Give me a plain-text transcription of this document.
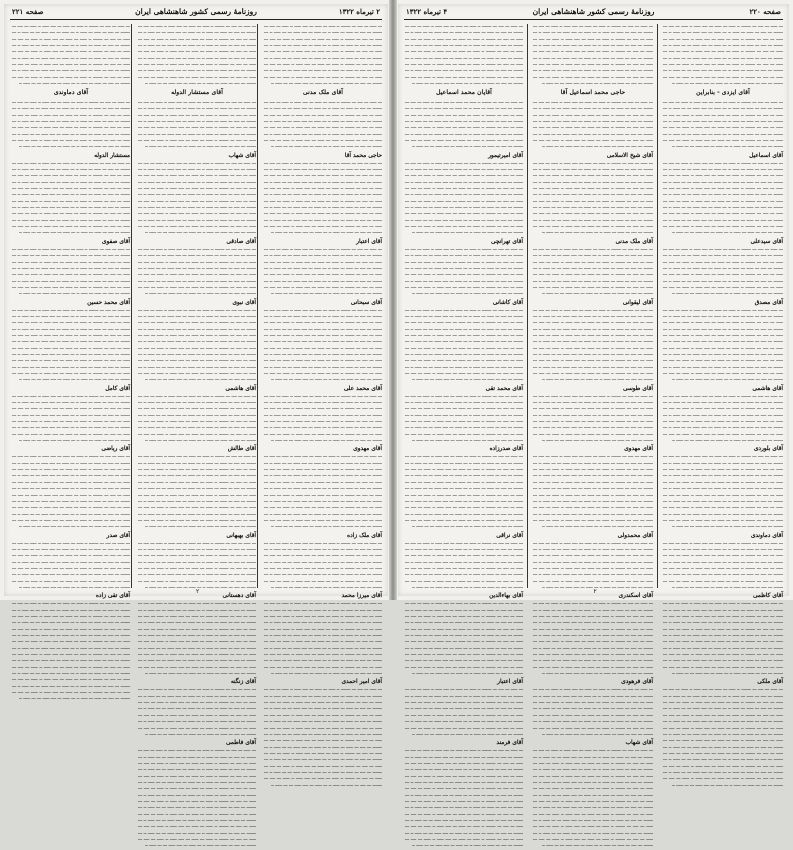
۲ تیرماه ۱۳۲۲
روزنامهٔ رسمی کشور شاهنشاهی ایران
صفحه ۲۲۱
ـــ ـــــ ـــ ــــ ـــ ـــــــ ــ ـــــ ـــ ـــــ ـــ ــــ ـــــ ــ ـــــ ـــ ــــ ـــ ـــــــ ـــ ــــ ـــ ـــــ ـــ ـــــ ــ ـــ ـــــ ـــ ــــ ـــــ ـــ ـــ ـــــ ــ ـــ ـــــ ـــ ــــ ـــ ـــــــ ــ ـــــ ـــ ـــــ ـــ ــــ ـــــ ــ ـــــ ـــ ــــ ـــ ـــــــ ـــ ــــ ـــ ـــــ ـــ ـــــ ــ ـــ ـــــ ـــ ــــ ـــــ ـــ ـــ ـــــ ــ ـــ ـــــ ـــ ــــ ـــ ـــــــ ــ ـــــ ـــ ـــــ ـــ ــــ ـــــ ــ ـــــ ـــ ــــ ـــ ـــــــ ـــ ــــ ـــ ـــــ ـــ ـــــ ــ ـــ ـــــ ـــ ــــ ـــــ ـــ ـــ ـــــ ــ ـــ ـــــ ـــ ــــ ـــ ـــــــ ــ ـــــ ـــ ـــــ ـــ ــــ ـــــ ــ ـــــ ـــ ــــ ـــ ـــــــ ـــ ــــ ـــ ـــــ ـــ ـــــ ــ ـــ ـــــ ـــ ــــ ـــــ ـــ ـــ ـــــ ــ ـــ ـــــ ـــ ــــ ـــ ـــــــ ــ ـــــ ـــ ـــــ ـــ ــــ ـــــ ــ ـــــ ـــ ــــ ـــ ـــــــ ـــ ــــ ـــ ـــــ ـــ ـــــ ــ ـــ ـــــ ـــ ــــ ـــــ ـــ ـــ ـــــ ــ
آقای ملک مدنی
ـــ ـــــ ـــ ــــ ـــ ـــــــ ــ ـــــ ـــ ـــــ ـــ ــــ ـــــ ــ ـــــ ـــ ــــ ـــ ـــــــ ـــ ــــ ـــ ـــــ ـــ ـــــ ــ ـــ ـــــ ـــ ــــ ـــــ ـــ ـــ ـــــ ــ ـــ ـــــ ـــ ــــ ـــ ـــــــ ــ ـــــ ـــ ـــــ ـــ ــــ ـــــ ــ ـــــ ـــ ــــ ـــ ـــــــ ـــ ــــ ـــ ـــــ ـــ ـــــ ــ ـــ ـــــ ـــ ــــ ـــــ ـــ ـــ ـــــ ــ ـــ ـــــ ـــ ــــ ـــ ـــــــ ــ ـــــ ـــ ـــــ ـــ ــــ ـــــ ــ ـــــ ـــ ــــ ـــ ـــــــ ـــ ــــ ـــ ـــــ ـــ ـــــ ــ ـــ ـــــ ـــ ــــ ـــــ ـــ ـــ ـــــ ــ ـــ ـــــ ـــ ــــ ـــ ـــــــ ــ ـــــ ـــ ـــــ ـــ ــــ ـــــ ــ ـــــ ـــ ــــ ـــ ـــــــ ـــ ــــ ـــ ـــــ ـــ ـــــ ــ ـــ ـــــ ـــ ــــ ـــــ ـــ ـــ ـــــ ــ
حاجی محمد آقا
ـــ ـــــ ـــ ــــ ـــ ـــــــ ــ ـــــ ـــ ـــــ ـــ ــــ ـــــ ــ ـــــ ـــ ــــ ـــ ـــــــ ـــ ــــ ـــ ـــــ ـــ ـــــ ــ ـــ ـــــ ـــ ــــ ـــــ ـــ ـــ ـــــ ــ ـــ ـــــ ـــ ــــ ـــ ـــــــ ــ ـــــ ـــ ـــــ ـــ ــــ ـــــ ــ ـــــ ـــ ــــ ـــ ـــــــ ـــ ــــ ـــ ـــــ ـــ ـــــ ــ ـــ ـــــ ـــ ــــ ـــــ ـــ ـــ ـــــ ــ ـــ ـــــ ـــ ــــ ـــ ـــــــ ــ ـــــ ـــ ـــــ ـــ ــــ ـــــ ــ ـــــ ـــ ــــ ـــ ـــــــ ـــ ــــ ـــ ـــــ ـــ ـــــ ــ ـــ ـــــ ـــ ــــ ـــــ ـــ ـــ ـــــ ــ ـــ ـــــ ـــ ــــ ـــ ـــــــ ــ ـــــ ـــ ـــــ ـــ ــــ ـــــ ــ ـــــ ـــ ــــ ـــ ـــــــ ـــ ــــ ـــ ـــــ ـــ ـــــ ــ ـــ ـــــ ـــ ــــ ـــــ ـــ ـــ ـــــ ــ ـــ ـــــ ـــ ــــ ـــ ـــــــ ــ ـــــ ـــ ـــــ ـــ ــــ ـــــ ــ ـــــ ـــ ــــ ـــ ـــــــ ـــ ــــ ـــ ـــــ ـــ ـــــ ــ ـــ ـــــ ـــ ــــ ـــــ ـــ ـــ ـــــ ــ ـــ ـــــ ـــ ــــ ـــ ـــــــ ــ ـــــ ـــ ـــــ ـــ ــــ ـــــ ــ ـــــ ـــ ــــ ـــ ـــــــ ـــ ــــ ـــ ـــــ ـــ ـــــ ــ ـــ ـــــ ـــ ــــ ـــــ ـــ ـــ ـــــ ــ
آقای اعتبار
ـــ ـــــ ـــ ــــ ـــ ـــــــ ــ ـــــ ـــ ـــــ ـــ ــــ ـــــ ــ ـــــ ـــ ــــ ـــ ـــــــ ـــ ــــ ـــ ـــــ ـــ ـــــ ــ ـــ ـــــ ـــ ــــ ـــــ ـــ ـــ ـــــ ــ ـــ ـــــ ـــ ــــ ـــ ـــــــ ــ ـــــ ـــ ـــــ ـــ ــــ ـــــ ــ ـــــ ـــ ــــ ـــ ـــــــ ـــ ــــ ـــ ـــــ ـــ ـــــ ــ ـــ ـــــ ـــ ــــ ـــــ ـــ ـــ ـــــ ــ ـــ ـــــ ـــ ــــ ـــ ـــــــ ــ ـــــ ـــ ـــــ ـــ ــــ ـــــ ــ ـــــ ـــ ــــ ـــ ـــــــ ـــ ــــ ـــ ـــــ ـــ ـــــ ــ ـــ ـــــ ـــ ــــ ـــــ ـــ ـــ ـــــ ــ ـــ ـــــ ـــ ــــ ـــ ـــــــ ــ ـــــ ـــ ـــــ ـــ ــــ ـــــ ــ ـــــ ـــ ــــ ـــ ـــــــ ـــ ــــ ـــ ـــــ ـــ ـــــ ــ ـــ ـــــ ـــ ــــ ـــــ ـــ ـــ ـــــ ــ
آقای سبحانی
ـــ ـــــ ـــ ــــ ـــ ـــــــ ــ ـــــ ـــ ـــــ ـــ ــــ ـــــ ــ ـــــ ـــ ــــ ـــ ـــــــ ـــ ــــ ـــ ـــــ ـــ ـــــ ــ ـــ ـــــ ـــ ــــ ـــــ ـــ ـــ ـــــ ــ ـــ ـــــ ـــ ــــ ـــ ـــــــ ــ ـــــ ـــ ـــــ ـــ ــــ ـــــ ــ ـــــ ـــ ــــ ـــ ـــــــ ـــ ــــ ـــ ـــــ ـــ ـــــ ــ ـــ ـــــ ـــ ــــ ـــــ ـــ ـــ ـــــ ــ ـــ ـــــ ـــ ــــ ـــ ـــــــ ــ ـــــ ـــ ـــــ ـــ ــــ ـــــ ــ ـــــ ـــ ــــ ـــ ـــــــ ـــ ــــ ـــ ـــــ ـــ ـــــ ــ ـــ ـــــ ـــ ــــ ـــــ ـــ ـــ ـــــ ــ ـــ ـــــ ـــ ــــ ـــ ـــــــ ــ ـــــ ـــ ـــــ ـــ ــــ ـــــ ــ ـــــ ـــ ــــ ـــ ـــــــ ـــ ــــ ـــ ـــــ ـــ ـــــ ــ ـــ ـــــ ـــ ــــ ـــــ ـــ ـــ ـــــ ــ ـــ ـــــ ـــ ــــ ـــ ـــــــ ــ ـــــ ـــ ـــــ ـــ ــــ ـــــ ــ ـــــ ـــ ــــ ـــ ـــــــ ـــ ــــ ـــ ـــــ ـــ ـــــ ــ ـــ ـــــ ـــ ــــ ـــــ ـــ ـــ ـــــ ــ ـــ ـــــ ـــ ــــ ـــ ـــــــ ــ ـــــ ـــ ـــــ ـــ ــــ ـــــ ــ ـــــ ـــ ــــ ـــ ـــــــ ـــ ــــ ـــ ـــــ ـــ ـــــ ــ ـــ ـــــ ـــ ــــ ـــــ ـــ ـــ ـــــ ــ
آقای محمد علی
ـــ ـــــ ـــ ــــ ـــ ـــــــ ــ ـــــ ـــ ـــــ ـــ ــــ ـــــ ــ ـــــ ـــ ــــ ـــ ـــــــ ـــ ــــ ـــ ـــــ ـــ ـــــ ــ ـــ ـــــ ـــ ــــ ـــــ ـــ ـــ ـــــ ــ ـــ ـــــ ـــ ــــ ـــ ـــــــ ــ ـــــ ـــ ـــــ ـــ ــــ ـــــ ــ ـــــ ـــ ــــ ـــ ـــــــ ـــ ــــ ـــ ـــــ ـــ ـــــ ــ ـــ ـــــ ـــ ــــ ـــــ ـــ ـــ ـــــ ــ ـــ ـــــ ـــ ــــ ـــ ـــــــ ــ ـــــ ـــ ـــــ ـــ ــــ ـــــ ــ ـــــ ـــ ــــ ـــ ـــــــ ـــ ــــ ـــ ـــــ ـــ ـــــ ــ ـــ ـــــ ـــ ــــ ـــــ ـــ ـــ ـــــ ــ ـــ ـــــ ـــ ــــ ـــ ـــــــ ــ ـــــ ـــ ـــــ ـــ ــــ ـــــ ــ ـــــ ـــ ــــ ـــ ـــــــ ـــ ــــ ـــ ـــــ ـــ ـــــ ــ ـــ ـــــ ـــ ــــ ـــــ ـــ ـــ ـــــ ــ
آقای مهدوی
ـــ ـــــ ـــ ــــ ـــ ـــــــ ــ ـــــ ـــ ـــــ ـــ ــــ ـــــ ــ ـــــ ـــ ــــ ـــ ـــــــ ـــ ــــ ـــ ـــــ ـــ ـــــ ــ ـــ ـــــ ـــ ــــ ـــــ ـــ ـــ ـــــ ــ ـــ ـــــ ـــ ــــ ـــ ـــــــ ــ ـــــ ـــ ـــــ ـــ ــــ ـــــ ــ ـــــ ـــ ــــ ـــ ـــــــ ـــ ــــ ـــ ـــــ ـــ ـــــ ــ ـــ ـــــ ـــ ــــ ـــــ ـــ ـــ ـــــ ــ ـــ ـــــ ـــ ــــ ـــ ـــــــ ــ ـــــ ـــ ـــــ ـــ ــــ ـــــ ــ ـــــ ـــ ــــ ـــ ـــــــ ـــ ــــ ـــ ـــــ ـــ ـــــ ــ ـــ ـــــ ـــ ــــ ـــــ ـــ ـــ ـــــ ــ ـــ ـــــ ـــ ــــ ـــ ـــــــ ــ ـــــ ـــ ـــــ ـــ ــــ ـــــ ــ ـــــ ـــ ــــ ـــ ـــــــ ـــ ــــ ـــ ـــــ ـــ ـــــ ــ ـــ ـــــ ـــ ــــ ـــــ ـــ ـــ ـــــ ــ ـــ ـــــ ـــ ــــ ـــ ـــــــ ــ ـــــ ـــ ـــــ ـــ ــــ ـــــ ــ ـــــ ـــ ــــ ـــ ـــــــ ـــ ــــ ـــ ـــــ ـــ ـــــ ــ ـــ ـــــ ـــ ــــ ـــــ ـــ ـــ ـــــ ــ ـــ ـــــ ـــ ــــ ـــ ـــــــ ــ ـــــ ـــ ـــــ ـــ ــــ ـــــ ــ ـــــ ـــ ــــ ـــ ـــــــ ـــ ــــ ـــ ـــــ ـــ ـــــ ــ ـــ ـــــ ـــ ــــ ـــــ ـــ ـــ ـــــ ــ
آقای ملک زاده
ـــ ـــــ ـــ ــــ ـــ ـــــــ ــ ـــــ ـــ ـــــ ـــ ــــ ـــــ ــ ـــــ ـــ ــــ ـــ ـــــــ ـــ ــــ ـــ ـــــ ـــ ـــــ ــ ـــ ـــــ ـــ ــــ ـــــ ـــ ـــ ـــــ ــ ـــ ـــــ ـــ ــــ ـــ ـــــــ ــ ـــــ ـــ ـــــ ـــ ــــ ـــــ ــ ـــــ ـــ ــــ ـــ ـــــــ ـــ ــــ ـــ ـــــ ـــ ـــــ ــ ـــ ـــــ ـــ ــــ ـــــ ـــ ـــ ـــــ ــ ـــ ـــــ ـــ ــــ ـــ ـــــــ ــ ـــــ ـــ ـــــ ـــ ــــ ـــــ ــ ـــــ ـــ ــــ ـــ ـــــــ ـــ ــــ ـــ ـــــ ـــ ـــــ ــ ـــ ـــــ ـــ ــــ ـــــ ـــ ـــ ـــــ ــ ـــ ـــــ ـــ ــــ ـــ ـــــــ ــ ـــــ ـــ ـــــ ـــ ــــ ـــــ ــ ـــــ ـــ ــــ ـــ ـــــــ ـــ ــــ ـــ ـــــ ـــ ـــــ ــ ـــ ـــــ ـــ ــــ ـــــ ـــ ـــ ـــــ ــ
آقای میرزا محمد
ـــ ـــــ ـــ ــــ ـــ ـــــــ ــ ـــــ ـــ ـــــ ـــ ــــ ـــــ ــ ـــــ ـــ ــــ ـــ ـــــــ ـــ ــــ ـــ ـــــ ـــ ـــــ ــ ـــ ـــــ ـــ ــــ ـــــ ـــ ـــ ـــــ ــ ـــ ـــــ ـــ ــــ ـــ ـــــــ ــ ـــــ ـــ ـــــ ـــ ــــ ـــــ ــ ـــــ ـــ ــــ ـــ ـــــــ ـــ ــــ ـــ ـــــ ـــ ـــــ ــ ـــ ـــــ ـــ ــــ ـــــ ـــ ـــ ـــــ ــ ـــ ـــــ ـــ ــــ ـــ ـــــــ ــ ـــــ ـــ ـــــ ـــ ــــ ـــــ ــ ـــــ ـــ ــــ ـــ ـــــــ ـــ ــــ ـــ ـــــ ـــ ـــــ ــ ـــ ـــــ ـــ ــــ ـــــ ـــ ـــ ـــــ ــ ـــ ـــــ ـــ ــــ ـــ ـــــــ ــ ـــــ ـــ ـــــ ـــ ــــ ـــــ ــ ـــــ ـــ ــــ ـــ ـــــــ ـــ ــــ ـــ ـــــ ـــ ـــــ ــ ـــ ـــــ ـــ ــــ ـــــ ـــ ـــ ـــــ ــ ـــ ـــــ ـــ ــــ ـــ ـــــــ ــ ـــــ ـــ ـــــ ـــ ــــ ـــــ ــ ـــــ ـــ ــــ ـــ ـــــــ ـــ ــــ ـــ ـــــ ـــ ـــــ ــ ـــ ـــــ ـــ ــــ ـــــ ـــ ـــ ـــــ ــ ـــ ـــــ ـــ ــــ ـــ ـــــــ ــ ـــــ ـــ ـــــ ـــ ــــ ـــــ ــ ـــــ ـــ ــــ ـــ ـــــــ ـــ ــــ ـــ ـــــ ـــ ـــــ ــ ـــ ـــــ ـــ ــــ ـــــ ـــ ـــ ـــــ ــ
آقای امیر احمدی
ـــ ـــــ ـــ ــــ ـــ ـــــــ ــ ـــــ ـــ ـــــ ـــ ــــ ـــــ ــ ـــــ ـــ ــــ ـــ ـــــــ ـــ ــــ ـــ ـــــ ـــ ـــــ ــ ـــ ـــــ ـــ ــــ ـــــ ـــ ـــ ـــــ ــ ـــ ـــــ ـــ ــــ ـــ ـــــــ ــ ـــــ ـــ ـــــ ـــ ــــ ـــــ ــ ـــــ ـــ ــــ ـــ ـــــــ ـــ ــــ ـــ ـــــ ـــ ـــــ ــ ـــ ـــــ ـــ ــــ ـــــ ـــ ـــ ـــــ ــ ـــ ـــــ ـــ ــــ ـــ ـــــــ ــ ـــــ ـــ ـــــ ـــ ــــ ـــــ ــ ـــــ ـــ ــــ ـــ ـــــــ ـــ ــــ ـــ ـــــ ـــ ـــــ ــ ـــ ـــــ ـــ ــــ ـــــ ـــ ـــ ـــــ ــ ـــ ـــــ ـــ ــــ ـــ ـــــــ ــ ـــــ ـــ ـــــ ـــ ــــ ـــــ ــ ـــــ ـــ ــــ ـــ ـــــــ ـــ ــــ ـــ ـــــ ـــ ـــــ ــ ـــ ـــــ ـــ ــــ ـــــ ـــ ـــ ـــــ ــ ـــ ـــــ ـــ ــــ ـــ ـــــــ ــ ـــــ ـــ ـــــ ـــ ــــ ـــــ ــ ـــــ ـــ ــــ ـــ ـــــــ ـــ ــــ ـــ ـــــ ـــ ـــــ ــ ـــ ـــــ ـــ ــــ ـــــ ـــ ـــ ـــــ ــ ـــ ـــــ ـــ ــــ ـــ ـــــــ ــ ـــــ ـــ ـــــ ـــ ــــ ـــــ ــ ـــــ ـــ ــــ ـــ ـــــــ ـــ ــــ ـــ ـــــ ـــ ـــــ ــ ـــ ـــــ ـــ ــــ ـــــ ـــ ـــ ـــــ ــ ـــ ـــــ ـــ ــــ ـــ ـــــــ ــ ـــــ ـــ ـــــ ـــ ــــ ـــــ ــ ـــــ ـــ ــــ ـــ ـــــــ ـــ ــــ ـــ ـــــ ـــ ـــــ ــ ـــ ـــــ ـــ ــــ ـــــ ـــ ـــ ـــــ ــ ـــ ـــــ ـــ ــــ ـــ ـــــــ ــ ـــــ ـــ ـــــ ـــ ــــ ـــــ ــ ـــــ ـــ ــــ ـــ ـــــــ ـــ ــــ ـــ ـــــ ـــ ـــــ ــ ـــ ـــــ ـــ ــــ ـــــ ـــ ـــ ـــــ ــ
ـــ ـــــ ـــ ــــ ـــ ـــــــ ــ ـــــ ـــ ـــــ ـــ ــــ ـــــ ــ ـــــ ـــ ــــ ـــ ـــــــ ـــ ــــ ـــ ـــــ ـــ ـــــ ــ ـــ ـــــ ـــ ــــ ـــــ ـــ ـــ ـــــ ــ ـــ ـــــ ـــ ــــ ـــ ـــــــ ــ ـــــ ـــ ـــــ ـــ ــــ ـــــ ــ ـــــ ـــ ــــ ـــ ـــــــ ـــ ــــ ـــ ـــــ ـــ ـــــ ــ ـــ ـــــ ـــ ــــ ـــــ ـــ ـــ ـــــ ــ ـــ ـــــ ـــ ــــ ـــ ـــــــ ــ ـــــ ـــ ـــــ ـــ ــــ ـــــ ــ ـــــ ـــ ــــ ـــ ـــــــ ـــ ــــ ـــ ـــــ ـــ ـــــ ــ ـــ ـــــ ـــ ــــ ـــــ ـــ ـــ ـــــ ــ ـــ ـــــ ـــ ــــ ـــ ـــــــ ــ ـــــ ـــ ـــــ ـــ ــــ ـــــ ــ ـــــ ـــ ــــ ـــ ـــــــ ـــ ــــ ـــ ـــــ ـــ ـــــ ــ ـــ ـــــ ـــ ــــ ـــــ ـــ ـــ ـــــ ــ ـــ ـــــ ـــ ــــ ـــ ـــــــ ــ ـــــ ـــ ـــــ ـــ ــــ ـــــ ــ ـــــ ـــ ــــ ـــ ـــــــ ـــ ــــ ـــ ـــــ ـــ ـــــ ــ ـــ ـــــ ـــ ــــ ـــــ ـــ ـــ ـــــ ــ
آقای مستشار الدوله
ـــ ـــــ ـــ ــــ ـــ ـــــــ ــ ـــــ ـــ ـــــ ـــ ــــ ـــــ ــ ـــــ ـــ ــــ ـــ ـــــــ ـــ ــــ ـــ ـــــ ـــ ـــــ ــ ـــ ـــــ ـــ ــــ ـــــ ـــ ـــ ـــــ ــ ـــ ـــــ ـــ ــــ ـــ ـــــــ ــ ـــــ ـــ ـــــ ـــ ــــ ـــــ ــ ـــــ ـــ ــــ ـــ ـــــــ ـــ ــــ ـــ ـــــ ـــ ـــــ ــ ـــ ـــــ ـــ ــــ ـــــ ـــ ـــ ـــــ ــ ـــ ـــــ ـــ ــــ ـــ ـــــــ ــ ـــــ ـــ ـــــ ـــ ــــ ـــــ ــ ـــــ ـــ ــــ ـــ ـــــــ ـــ ــــ ـــ ـــــ ـــ ـــــ ــ ـــ ـــــ ـــ ــــ ـــــ ـــ ـــ ـــــ ــ ـــ ـــــ ـــ ــــ ـــ ـــــــ ــ ـــــ ـــ ـــــ ـــ ــــ ـــــ ــ ـــــ ـــ ــــ ـــ ـــــــ ـــ ــــ ـــ ـــــ ـــ ـــــ ــ ـــ ـــــ ـــ ــــ ـــــ ـــ ـــ ـــــ ــ
آقای شهاب
ـــ ـــــ ـــ ــــ ـــ ـــــــ ــ ـــــ ـــ ـــــ ـــ ــــ ـــــ ــ ـــــ ـــ ــــ ـــ ـــــــ ـــ ــــ ـــ ـــــ ـــ ـــــ ــ ـــ ـــــ ـــ ــــ ـــــ ـــ ـــ ـــــ ــ ـــ ـــــ ـــ ــــ ـــ ـــــــ ــ ـــــ ـــ ـــــ ـــ ــــ ـــــ ــ ـــــ ـــ ــــ ـــ ـــــــ ـــ ــــ ـــ ـــــ ـــ ـــــ ــ ـــ ـــــ ـــ ــــ ـــــ ـــ ـــ ـــــ ــ ـــ ـــــ ـــ ــــ ـــ ـــــــ ــ ـــــ ـــ ـــــ ـــ ــــ ـــــ ــ ـــــ ـــ ــــ ـــ ـــــــ ـــ ــــ ـــ ـــــ ـــ ـــــ ــ ـــ ـــــ ـــ ــــ ـــــ ـــ ـــ ـــــ ــ ـــ ـــــ ـــ ــــ ـــ ـــــــ ــ ـــــ ـــ ـــــ ـــ ــــ ـــــ ــ ـــــ ـــ ــــ ـــ ـــــــ ـــ ــــ ـــ ـــــ ـــ ـــــ ــ ـــ ـــــ ـــ ــــ ـــــ ـــ ـــ ـــــ ــ ـــ ـــــ ـــ ــــ ـــ ـــــــ ــ ـــــ ـــ ـــــ ـــ ــــ ـــــ ــ ـــــ ـــ ــــ ـــ ـــــــ ـــ ــــ ـــ ـــــ ـــ ـــــ ــ ـــ ـــــ ـــ ــــ ـــــ ـــ ـــ ـــــ ــ ـــ ـــــ ـــ ــــ ـــ ـــــــ ــ ـــــ ـــ ـــــ ـــ ــــ ـــــ ــ ـــــ ـــ ــــ ـــ ـــــــ ـــ ــــ ـــ ـــــ ـــ ـــــ ــ ـــ ـــــ ـــ ــــ ـــــ ـــ ـــ ـــــ ــ
آقای صادقی
ـــ ـــــ ـــ ــــ ـــ ـــــــ ــ ـــــ ـــ ـــــ ـــ ــــ ـــــ ــ ـــــ ـــ ــــ ـــ ـــــــ ـــ ــــ ـــ ـــــ ـــ ـــــ ــ ـــ ـــــ ـــ ــــ ـــــ ـــ ـــ ـــــ ــ ـــ ـــــ ـــ ــــ ـــ ـــــــ ــ ـــــ ـــ ـــــ ـــ ــــ ـــــ ــ ـــــ ـــ ــــ ـــ ـــــــ ـــ ــــ ـــ ـــــ ـــ ـــــ ــ ـــ ـــــ ـــ ــــ ـــــ ـــ ـــ ـــــ ــ ـــ ـــــ ـــ ــــ ـــ ـــــــ ــ ـــــ ـــ ـــــ ـــ ــــ ـــــ ــ ـــــ ـــ ــــ ـــ ـــــــ ـــ ــــ ـــ ـــــ ـــ ـــــ ــ ـــ ـــــ ـــ ــــ ـــــ ـــ ـــ ـــــ ــ ـــ ـــــ ـــ ــــ ـــ ـــــــ ــ ـــــ ـــ ـــــ ـــ ــــ ـــــ ــ ـــــ ـــ ــــ ـــ ـــــــ ـــ ــــ ـــ ـــــ ـــ ـــــ ــ ـــ ـــــ ـــ ــــ ـــــ ـــ ـــ ـــــ ــ
آقای نبوی
ـــ ـــــ ـــ ــــ ـــ ـــــــ ــ ـــــ ـــ ـــــ ـــ ــــ ـــــ ــ ـــــ ـــ ــــ ـــ ـــــــ ـــ ــــ ـــ ـــــ ـــ ـــــ ــ ـــ ـــــ ـــ ــــ ـــــ ـــ ـــ ـــــ ــ ـــ ـــــ ـــ ــــ ـــ ـــــــ ــ ـــــ ـــ ـــــ ـــ ــــ ـــــ ــ ـــــ ـــ ــــ ـــ ـــــــ ـــ ــــ ـــ ـــــ ـــ ـــــ ــ ـــ ـــــ ـــ ــــ ـــــ ـــ ـــ ـــــ ــ ـــ ـــــ ـــ ــــ ـــ ـــــــ ــ ـــــ ـــ ـــــ ـــ ــــ ـــــ ــ ـــــ ـــ ــــ ـــ ـــــــ ـــ ــــ ـــ ـــــ ـــ ـــــ ــ ـــ ـــــ ـــ ــــ ـــــ ـــ ـــ ـــــ ــ ـــ ـــــ ـــ ــــ ـــ ـــــــ ــ ـــــ ـــ ـــــ ـــ ــــ ـــــ ــ ـــــ ـــ ــــ ـــ ـــــــ ـــ ــــ ـــ ـــــ ـــ ـــــ ــ ـــ ـــــ ـــ ــــ ـــــ ـــ ـــ ـــــ ــ ـــ ـــــ ـــ ــــ ـــ ـــــــ ــ ـــــ ـــ ـــــ ـــ ــــ ـــــ ــ ـــــ ـــ ــــ ـــ ـــــــ ـــ ــــ ـــ ـــــ ـــ ـــــ ــ ـــ ـــــ ـــ ــــ ـــــ ـــ ـــ ـــــ ــ ـــ ـــــ ـــ ــــ ـــ ـــــــ ــ ـــــ ـــ ـــــ ـــ ــــ ـــــ ــ ـــــ ـــ ــــ ـــ ـــــــ ـــ ــــ ـــ ـــــ ـــ ـــــ ــ ـــ ـــــ ـــ ــــ ـــــ ـــ ـــ ـــــ ــ
آقای هاشمی
ـــ ـــــ ـــ ــــ ـــ ـــــــ ــ ـــــ ـــ ـــــ ـــ ــــ ـــــ ــ ـــــ ـــ ــــ ـــ ـــــــ ـــ ــــ ـــ ـــــ ـــ ـــــ ــ ـــ ـــــ ـــ ــــ ـــــ ـــ ـــ ـــــ ــ ـــ ـــــ ـــ ــــ ـــ ـــــــ ــ ـــــ ـــ ـــــ ـــ ــــ ـــــ ــ ـــــ ـــ ــــ ـــ ـــــــ ـــ ــــ ـــ ـــــ ـــ ـــــ ــ ـــ ـــــ ـــ ــــ ـــــ ـــ ـــ ـــــ ــ ـــ ـــــ ـــ ــــ ـــ ـــــــ ــ ـــــ ـــ ـــــ ـــ ــــ ـــــ ــ ـــــ ـــ ــــ ـــ ـــــــ ـــ ــــ ـــ ـــــ ـــ ـــــ ــ ـــ ـــــ ـــ ــــ ـــــ ـــ ـــ ـــــ ــ ـــ ـــــ ـــ ــــ ـــ ـــــــ ــ ـــــ ـــ ـــــ ـــ ــــ ـــــ ــ ـــــ ـــ ــــ ـــ ـــــــ ـــ ــــ ـــ ـــــ ـــ ـــــ ــ ـــ ـــــ ـــ ــــ ـــــ ـــ ـــ ـــــ ــ
آقای طالش
ـــ ـــــ ـــ ــــ ـــ ـــــــ ــ ـــــ ـــ ـــــ ـــ ــــ ـــــ ــ ـــــ ـــ ــــ ـــ ـــــــ ـــ ــــ ـــ ـــــ ـــ ـــــ ــ ـــ ـــــ ـــ ــــ ـــــ ـــ ـــ ـــــ ــ ـــ ـــــ ـــ ــــ ـــ ـــــــ ــ ـــــ ـــ ـــــ ـــ ــــ ـــــ ــ ـــــ ـــ ــــ ـــ ـــــــ ـــ ــــ ـــ ـــــ ـــ ـــــ ــ ـــ ـــــ ـــ ــــ ـــــ ـــ ـــ ـــــ ــ ـــ ـــــ ـــ ــــ ـــ ـــــــ ــ ـــــ ـــ ـــــ ـــ ــــ ـــــ ــ ـــــ ـــ ــــ ـــ ـــــــ ـــ ــــ ـــ ـــــ ـــ ـــــ ــ ـــ ـــــ ـــ ــــ ـــــ ـــ ـــ ـــــ ــ ـــ ـــــ ـــ ــــ ـــ ـــــــ ــ ـــــ ـــ ـــــ ـــ ــــ ـــــ ــ ـــــ ـــ ــــ ـــ ـــــــ ـــ ــــ ـــ ـــــ ـــ ـــــ ــ ـــ ـــــ ـــ ــــ ـــــ ـــ ـــ ـــــ ــ ـــ ـــــ ـــ ــــ ـــ ـــــــ ــ ـــــ ـــ ـــــ ـــ ــــ ـــــ ــ ـــــ ـــ ــــ ـــ ـــــــ ـــ ــــ ـــ ـــــ ـــ ـــــ ــ ـــ ـــــ ـــ ــــ ـــــ ـــ ـــ ـــــ ــ ـــ ـــــ ـــ ــــ ـــ ـــــــ ــ ـــــ ـــ ـــــ ـــ ــــ ـــــ ــ ـــــ ـــ ــــ ـــ ـــــــ ـــ ــــ ـــ ـــــ ـــ ـــــ ــ ـــ ـــــ ـــ ــــ ـــــ ـــ ـــ ـــــ ــ
آقای بهبهانی
ـــ ـــــ ـــ ــــ ـــ ـــــــ ــ ـــــ ـــ ـــــ ـــ ــــ ـــــ ــ ـــــ ـــ ــــ ـــ ـــــــ ـــ ــــ ـــ ـــــ ـــ ـــــ ــ ـــ ـــــ ـــ ــــ ـــــ ـــ ـــ ـــــ ــ ـــ ـــــ ـــ ــــ ـــ ـــــــ ــ ـــــ ـــ ـــــ ـــ ــــ ـــــ ــ ـــــ ـــ ــــ ـــ ـــــــ ـــ ــــ ـــ ـــــ ـــ ـــــ ــ ـــ ـــــ ـــ ــــ ـــــ ـــ ـــ ـــــ ــ ـــ ـــــ ـــ ــــ ـــ ـــــــ ــ ـــــ ـــ ـــــ ـــ ــــ ـــــ ــ ـــــ ـــ ــــ ـــ ـــــــ ـــ ــــ ـــ ـــــ ـــ ـــــ ــ ـــ ـــــ ـــ ــــ ـــــ ـــ ـــ ـــــ ــ ـــ ـــــ ـــ ــــ ـــ ـــــــ ــ ـــــ ـــ ـــــ ـــ ــــ ـــــ ــ ـــــ ـــ ــــ ـــ ـــــــ ـــ ــــ ـــ ـــــ ـــ ـــــ ــ ـــ ـــــ ـــ ــــ ـــــ ـــ ـــ ـــــ ــ
آقای دهستانی
ـــ ـــــ ـــ ــــ ـــ ـــــــ ــ ـــــ ـــ ـــــ ـــ ــــ ـــــ ــ ـــــ ـــ ــــ ـــ ـــــــ ـــ ــــ ـــ ـــــ ـــ ـــــ ــ ـــ ـــــ ـــ ــــ ـــــ ـــ ـــ ـــــ ــ ـــ ـــــ ـــ ــــ ـــ ـــــــ ــ ـــــ ـــ ـــــ ـــ ــــ ـــــ ــ ـــــ ـــ ــــ ـــ ـــــــ ـــ ــــ ـــ ـــــ ـــ ـــــ ــ ـــ ـــــ ـــ ــــ ـــــ ـــ ـــ ـــــ ــ ـــ ـــــ ـــ ــــ ـــ ـــــــ ــ ـــــ ـــ ـــــ ـــ ــــ ـــــ ــ ـــــ ـــ ــــ ـــ ـــــــ ـــ ــــ ـــ ـــــ ـــ ـــــ ــ ـــ ـــــ ـــ ــــ ـــــ ـــ ـــ ـــــ ــ ـــ ـــــ ـــ ــــ ـــ ـــــــ ــ ـــــ ـــ ـــــ ـــ ــــ ـــــ ــ ـــــ ـــ ــــ ـــ ـــــــ ـــ ــــ ـــ ـــــ ـــ ـــــ ــ ـــ ـــــ ـــ ــــ ـــــ ـــ ـــ ـــــ ــ ـــ ـــــ ـــ ــــ ـــ ـــــــ ــ ـــــ ـــ ـــــ ـــ ــــ ـــــ ــ ـــــ ـــ ــــ ـــ ـــــــ ـــ ــــ ـــ ـــــ ـــ ـــــ ــ ـــ ـــــ ـــ ــــ ـــــ ـــ ـــ ـــــ ــ ـــ ـــــ ـــ ــــ ـــ ـــــــ ــ ـــــ ـــ ـــــ ـــ ــــ ـــــ ــ ـــــ ـــ ــــ ـــ ـــــــ ـــ ــــ ـــ ـــــ ـــ ـــــ ــ ـــ ـــــ ـــ ــــ ـــــ ـــ ـــ ـــــ ــ
آقای زنگنه
ـــ ـــــ ـــ ــــ ـــ ـــــــ ــ ـــــ ـــ ـــــ ـــ ــــ ـــــ ــ ـــــ ـــ ــــ ـــ ـــــــ ـــ ــــ ـــ ـــــ ـــ ـــــ ــ ـــ ـــــ ـــ ــــ ـــــ ـــ ـــ ـــــ ــ ـــ ـــــ ـــ ــــ ـــ ـــــــ ــ ـــــ ـــ ـــــ ـــ ــــ ـــــ ــ ـــــ ـــ ــــ ـــ ـــــــ ـــ ــــ ـــ ـــــ ـــ ـــــ ــ ـــ ـــــ ـــ ــــ ـــــ ـــ ـــ ـــــ ــ ـــ ـــــ ـــ ــــ ـــ ـــــــ ــ ـــــ ـــ ـــــ ـــ ــــ ـــــ ــ ـــــ ـــ ــــ ـــ ـــــــ ـــ ــــ ـــ ـــــ ـــ ـــــ ــ ـــ ـــــ ـــ ــــ ـــــ ـــ ـــ ـــــ ــ ـــ ـــــ ـــ ــــ ـــ ـــــــ ــ ـــــ ـــ ـــــ ـــ ــــ ـــــ ــ ـــــ ـــ ــــ ـــ ـــــــ ـــ ــــ ـــ ـــــ ـــ ـــــ ــ ـــ ـــــ ـــ ــــ ـــــ ـــ ـــ ـــــ ــ
آقای فاطمی
ـــ ـــــ ـــ ــــ ـــ ـــــــ ــ ـــــ ـــ ـــــ ـــ ــــ ـــــ ــ ـــــ ـــ ــــ ـــ ـــــــ ـــ ــــ ـــ ـــــ ـــ ـــــ ــ ـــ ـــــ ـــ ــــ ـــــ ـــ ـــ ـــــ ــ ـــ ـــــ ـــ ــــ ـــ ـــــــ ــ ـــــ ـــ ـــــ ـــ ــــ ـــــ ــ ـــــ ـــ ــــ ـــ ـــــــ ـــ ــــ ـــ ـــــ ـــ ـــــ ــ ـــ ـــــ ـــ ــــ ـــــ ـــ ـــ ـــــ ــ ـــ ـــــ ـــ ــــ ـــ ـــــــ ــ ـــــ ـــ ـــــ ـــ ــــ ـــــ ــ ـــــ ـــ ــــ ـــ ـــــــ ـــ ــــ ـــ ـــــ ـــ ـــــ ــ ـــ ـــــ ـــ ــــ ـــــ ـــ ـــ ـــــ ــ ـــ ـــــ ـــ ــــ ـــ ـــــــ ــ ـــــ ـــ ـــــ ـــ ــــ ـــــ ــ ـــــ ـــ ــــ ـــ ـــــــ ـــ ــــ ـــ ـــــ ـــ ـــــ ــ ـــ ـــــ ـــ ــــ ـــــ ـــ ـــ ـــــ ــ ـــ ـــــ ـــ ــــ ـــ ـــــــ ــ ـــــ ـــ ـــــ ـــ ــــ ـــــ ــ ـــــ ـــ ــــ ـــ ـــــــ ـــ ــــ ـــ ـــــ ـــ ـــــ ــ ـــ ـــــ ـــ ــــ ـــــ ـــ ـــ ـــــ ــ ـــ ـــــ ـــ ــــ ـــ ـــــــ ــ ـــــ ـــ ـــــ ـــ ــــ ـــــ ــ ـــــ ـــ ــــ ـــ ـــــــ ـــ ــــ ـــ ـــــ ـــ ـــــ ــ ـــ ـــــ ـــ ــــ ـــــ ـــ ـــ ـــــ ــ ـــ ـــــ ـــ ــــ ـــ ـــــــ ــ ـــــ ـــ ـــــ ـــ ــــ ـــــ ــ ـــــ ـــ ــــ ـــ ـــــــ ـــ ــــ ـــ ـــــ ـــ ـــــ ــ ـــ ـــــ ـــ ــــ ـــــ ـــ ـــ ـــــ ــ ـــ ـــــ ـــ ــــ ـــ ـــــــ ــ ـــــ ـــ ـــــ ـــ ــــ ـــــ ــ ـــــ ـــ ــــ ـــ ـــــــ ـــ ــــ ـــ ـــــ ـــ ـــــ ــ ـــ ـــــ ـــ ــــ ـــــ ـــ ـــ ـــــ ــ
ـــ ـــــ ـــ ــــ ـــ ـــــــ ــ ـــــ ـــ ـــــ ـــ ــــ ـــــ ــ ـــــ ـــ ــــ ـــ ـــــــ ـــ ــــ ـــ ـــــ ـــ ـــــ ــ ـــ ـــــ ـــ ــــ ـــــ ـــ ـــ ـــــ ــ ـــ ـــــ ـــ ــــ ـــ ـــــــ ــ ـــــ ـــ ـــــ ـــ ــــ ـــــ ــ ـــــ ـــ ــــ ـــ ـــــــ ـــ ــــ ـــ ـــــ ـــ ـــــ ــ ـــ ـــــ ـــ ــــ ـــــ ـــ ـــ ـــــ ــ ـــ ـــــ ـــ ــــ ـــ ـــــــ ــ ـــــ ـــ ـــــ ـــ ــــ ـــــ ــ ـــــ ـــ ــــ ـــ ـــــــ ـــ ــــ ـــ ـــــ ـــ ـــــ ــ ـــ ـــــ ـــ ــــ ـــــ ـــ ـــ ـــــ ــ ـــ ـــــ ـــ ــــ ـــ ـــــــ ــ ـــــ ـــ ـــــ ـــ ــــ ـــــ ــ ـــــ ـــ ــــ ـــ ـــــــ ـــ ــــ ـــ ـــــ ـــ ـــــ ــ ـــ ـــــ ـــ ــــ ـــــ ـــ ـــ ـــــ ــ ـــ ـــــ ـــ ــــ ـــ ـــــــ ــ ـــــ ـــ ـــــ ـــ ــــ ـــــ ــ ـــــ ـــ ــــ ـــ ـــــــ ـــ ــــ ـــ ـــــ ـــ ـــــ ــ ـــ ـــــ ـــ ــــ ـــــ ـــ ـــ ـــــ ــ
آقای دماوندی
ـــ ـــــ ـــ ــــ ـــ ـــــــ ــ ـــــ ـــ ـــــ ـــ ــــ ـــــ ــ ـــــ ـــ ــــ ـــ ـــــــ ـــ ــــ ـــ ـــــ ـــ ـــــ ــ ـــ ـــــ ـــ ــــ ـــــ ـــ ـــ ـــــ ــ ـــ ـــــ ـــ ــــ ـــ ـــــــ ــ ـــــ ـــ ـــــ ـــ ــــ ـــــ ــ ـــــ ـــ ــــ ـــ ـــــــ ـــ ــــ ـــ ـــــ ـــ ـــــ ــ ـــ ـــــ ـــ ــــ ـــــ ـــ ـــ ـــــ ــ ـــ ـــــ ـــ ــــ ـــ ـــــــ ــ ـــــ ـــ ـــــ ـــ ــــ ـــــ ــ ـــــ ـــ ــــ ـــ ـــــــ ـــ ــــ ـــ ـــــ ـــ ـــــ ــ ـــ ـــــ ـــ ــــ ـــــ ـــ ـــ ـــــ ــ ـــ ـــــ ـــ ــــ ـــ ـــــــ ــ ـــــ ـــ ـــــ ـــ ــــ ـــــ ــ ـــــ ـــ ــــ ـــ ـــــــ ـــ ــــ ـــ ـــــ ـــ ـــــ ــ ـــ ـــــ ـــ ــــ ـــــ ـــ ـــ ـــــ ــ
مستشار الدوله
ـــ ـــــ ـــ ــــ ـــ ـــــــ ــ ـــــ ـــ ـــــ ـــ ــــ ـــــ ــ ـــــ ـــ ــــ ـــ ـــــــ ـــ ــــ ـــ ـــــ ـــ ـــــ ــ ـــ ـــــ ـــ ــــ ـــــ ـــ ـــ ـــــ ــ ـــ ـــــ ـــ ــــ ـــ ـــــــ ــ ـــــ ـــ ـــــ ـــ ــــ ـــــ ــ ـــــ ـــ ــــ ـــ ـــــــ ـــ ــــ ـــ ـــــ ـــ ـــــ ــ ـــ ـــــ ـــ ــــ ـــــ ـــ ـــ ـــــ ــ ـــ ـــــ ـــ ــــ ـــ ـــــــ ــ ـــــ ـــ ـــــ ـــ ــــ ـــــ ــ ـــــ ـــ ــــ ـــ ـــــــ ـــ ــــ ـــ ـــــ ـــ ـــــ ــ ـــ ـــــ ـــ ــــ ـــــ ـــ ـــ ـــــ ــ ـــ ـــــ ـــ ــــ ـــ ـــــــ ــ ـــــ ـــ ـــــ ـــ ــــ ـــــ ــ ـــــ ـــ ــــ ـــ ـــــــ ـــ ــــ ـــ ـــــ ـــ ـــــ ــ ـــ ـــــ ـــ ــــ ـــــ ـــ ـــ ـــــ ــ ـــ ـــــ ـــ ــــ ـــ ـــــــ ــ ـــــ ـــ ـــــ ـــ ــــ ـــــ ــ ـــــ ـــ ــــ ـــ ـــــــ ـــ ــــ ـــ ـــــ ـــ ـــــ ــ ـــ ـــــ ـــ ــــ ـــــ ـــ ـــ ـــــ ــ ـــ ـــــ ـــ ــــ ـــ ـــــــ ــ ـــــ ـــ ـــــ ـــ ــــ ـــــ ــ ـــــ ـــ ــــ ـــ ـــــــ ـــ ــــ ـــ ـــــ ـــ ـــــ ــ ـــ ـــــ ـــ ــــ ـــــ ـــ ـــ ـــــ ــ
آقای صفوی
ـــ ـــــ ـــ ــــ ـــ ـــــــ ــ ـــــ ـــ ـــــ ـــ ــــ ـــــ ــ ـــــ ـــ ــــ ـــ ـــــــ ـــ ــــ ـــ ـــــ ـــ ـــــ ــ ـــ ـــــ ـــ ــــ ـــــ ـــ ـــ ـــــ ــ ـــ ـــــ ـــ ــــ ـــ ـــــــ ــ ـــــ ـــ ـــــ ـــ ــــ ـــــ ــ ـــــ ـــ ــــ ـــ ـــــــ ـــ ــــ ـــ ـــــ ـــ ـــــ ــ ـــ ـــــ ـــ ــــ ـــــ ـــ ـــ ـــــ ــ ـــ ـــــ ـــ ــــ ـــ ـــــــ ــ ـــــ ـــ ـــــ ـــ ــــ ـــــ ــ ـــــ ـــ ــــ ـــ ـــــــ ـــ ــــ ـــ ـــــ ـــ ـــــ ــ ـــ ـــــ ـــ ــــ ـــــ ـــ ـــ ـــــ ــ ـــ ـــــ ـــ ــــ ـــ ـــــــ ــ ـــــ ـــ ـــــ ـــ ــــ ـــــ ــ ـــــ ـــ ــــ ـــ ـــــــ ـــ ــــ ـــ ـــــ ـــ ـــــ ــ ـــ ـــــ ـــ ــــ ـــــ ـــ ـــ ـــــ ــ
آقای محمد حسین
ـــ ـــــ ـــ ــــ ـــ ـــــــ ــ ـــــ ـــ ـــــ ـــ ــــ ـــــ ــ ـــــ ـــ ــــ ـــ ـــــــ ـــ ــــ ـــ ـــــ ـــ ـــــ ــ ـــ ـــــ ـــ ــــ ـــــ ـــ ـــ ـــــ ــ ـــ ـــــ ـــ ــــ ـــ ـــــــ ــ ـــــ ـــ ـــــ ـــ ــــ ـــــ ــ ـــــ ـــ ــــ ـــ ـــــــ ـــ ــــ ـــ ـــــ ـــ ـــــ ــ ـــ ـــــ ـــ ــــ ـــــ ـــ ـــ ـــــ ــ ـــ ـــــ ـــ ــــ ـــ ـــــــ ــ ـــــ ـــ ـــــ ـــ ــــ ـــــ ــ ـــــ ـــ ــــ ـــ ـــــــ ـــ ــــ ـــ ـــــ ـــ ـــــ ــ ـــ ـــــ ـــ ــــ ـــــ ـــ ـــ ـــــ ــ ـــ ـــــ ـــ ــــ ـــ ـــــــ ــ ـــــ ـــ ـــــ ـــ ــــ ـــــ ــ ـــــ ـــ ــــ ـــ ـــــــ ـــ ــــ ـــ ـــــ ـــ ـــــ ــ ـــ ـــــ ـــ ــــ ـــــ ـــ ـــ ـــــ ــ ـــ ـــــ ـــ ــــ ـــ ـــــــ ــ ـــــ ـــ ـــــ ـــ ــــ ـــــ ــ ـــــ ـــ ــــ ـــ ـــــــ ـــ ــــ ـــ ـــــ ـــ ـــــ ــ ـــ ـــــ ـــ ــــ ـــــ ـــ ـــ ـــــ ــ ـــ ـــــ ـــ ــــ ـــ ـــــــ ــ ـــــ ـــ ـــــ ـــ ــــ ـــــ ــ ـــــ ـــ ــــ ـــ ـــــــ ـــ ــــ ـــ ـــــ ـــ ـــــ ــ ـــ ـــــ ـــ ــــ ـــــ ـــ ـــ ـــــ ــ
آقای کامل
ـــ ـــــ ـــ ــــ ـــ ـــــــ ــ ـــــ ـــ ـــــ ـــ ــــ ـــــ ــ ـــــ ـــ ــــ ـــ ـــــــ ـــ ــــ ـــ ـــــ ـــ ـــــ ــ ـــ ـــــ ـــ ــــ ـــــ ـــ ـــ ـــــ ــ ـــ ـــــ ـــ ــــ ـــ ـــــــ ــ ـــــ ـــ ـــــ ـــ ــــ ـــــ ــ ـــــ ـــ ــــ ـــ ـــــــ ـــ ــــ ـــ ـــــ ـــ ـــــ ــ ـــ ـــــ ـــ ــــ ـــــ ـــ ـــ ـــــ ــ ـــ ـــــ ـــ ــــ ـــ ـــــــ ــ ـــــ ـــ ـــــ ـــ ــــ ـــــ ــ ـــــ ـــ ــــ ـــ ـــــــ ـــ ــــ ـــ ـــــ ـــ ـــــ ــ ـــ ـــــ ـــ ــــ ـــــ ـــ ـــ ـــــ ــ ـــ ـــــ ـــ ــــ ـــ ـــــــ ــ ـــــ ـــ ـــــ ـــ ــــ ـــــ ــ ـــــ ـــ ــــ ـــ ـــــــ ـــ ــــ ـــ ـــــ ـــ ـــــ ــ ـــ ـــــ ـــ ــــ ـــــ ـــ ـــ ـــــ ــ
آقای ریاضی
ـــ ـــــ ـــ ــــ ـــ ـــــــ ــ ـــــ ـــ ـــــ ـــ ــــ ـــــ ــ ـــــ ـــ ــــ ـــ ـــــــ ـــ ــــ ـــ ـــــ ـــ ـــــ ــ ـــ ـــــ ـــ ــــ ـــــ ـــ ـــ ـــــ ــ ـــ ـــــ ـــ ــــ ـــ ـــــــ ــ ـــــ ـــ ـــــ ـــ ــــ ـــــ ــ ـــــ ـــ ــــ ـــ ـــــــ ـــ ــــ ـــ ـــــ ـــ ـــــ ــ ـــ ـــــ ـــ ــــ ـــــ ـــ ـــ ـــــ ــ ـــ ـــــ ـــ ــــ ـــ ـــــــ ــ ـــــ ـــ ـــــ ـــ ــــ ـــــ ــ ـــــ ـــ ــــ ـــ ـــــــ ـــ ــــ ـــ ـــــ ـــ ـــــ ــ ـــ ـــــ ـــ ــــ ـــــ ـــ ـــ ـــــ ــ ـــ ـــــ ـــ ــــ ـــ ـــــــ ــ ـــــ ـــ ـــــ ـــ ــــ ـــــ ــ ـــــ ـــ ــــ ـــ ـــــــ ـــ ــــ ـــ ـــــ ـــ ـــــ ــ ـــ ـــــ ـــ ــــ ـــــ ـــ ـــ ـــــ ــ ـــ ـــــ ـــ ــــ ـــ ـــــــ ــ ـــــ ـــ ـــــ ـــ ــــ ـــــ ــ ـــــ ـــ ــــ ـــ ـــــــ ـــ ــــ ـــ ـــــ ـــ ـــــ ــ ـــ ـــــ ـــ ــــ ـــــ ـــ ـــ ـــــ ــ ـــ ـــــ ـــ ــــ ـــ ـــــــ ــ ـــــ ـــ ـــــ ـــ ــــ ـــــ ــ ـــــ ـــ ــــ ـــ ـــــــ ـــ ــــ ـــ ـــــ ـــ ـــــ ــ ـــ ـــــ ـــ ــــ ـــــ ـــ ـــ ـــــ ــ
آقای صدر
ـــ ـــــ ـــ ــــ ـــ ـــــــ ــ ـــــ ـــ ـــــ ـــ ــــ ـــــ ــ ـــــ ـــ ــــ ـــ ـــــــ ـــ ــــ ـــ ـــــ ـــ ـــــ ــ ـــ ـــــ ـــ ــــ ـــــ ـــ ـــ ـــــ ــ ـــ ـــــ ـــ ــــ ـــ ـــــــ ــ ـــــ ـــ ـــــ ـــ ــــ ـــــ ــ ـــــ ـــ ــــ ـــ ـــــــ ـــ ــــ ـــ ـــــ ـــ ـــــ ــ ـــ ـــــ ـــ ــــ ـــــ ـــ ـــ ـــــ ــ ـــ ـــــ ـــ ــــ ـــ ـــــــ ــ ـــــ ـــ ـــــ ـــ ــــ ـــــ ــ ـــــ ـــ ــــ ـــ ـــــــ ـــ ــــ ـــ ـــــ ـــ ـــــ ــ ـــ ـــــ ـــ ــــ ـــــ ـــ ـــ ـــــ ــ ـــ ـــــ ـــ ــــ ـــ ـــــــ ــ ـــــ ـــ ـــــ ـــ ــــ ـــــ ــ ـــــ ـــ ــــ ـــ ـــــــ ـــ ــــ ـــ ـــــ ـــ ـــــ ــ ـــ ـــــ ـــ ــــ ـــــ ـــ ـــ ـــــ ــ
آقای تقی زاده
ـــ ـــــ ـــ ــــ ـــ ـــــــ ــ ـــــ ـــ ـــــ ـــ ــــ ـــــ ــ ـــــ ـــ ــــ ـــ ـــــــ ـــ ــــ ـــ ـــــ ـــ ـــــ ــ ـــ ـــــ ـــ ــــ ـــــ ـــ ـــ ـــــ ــ ـــ ـــــ ـــ ــــ ـــ ـــــــ ــ ـــــ ـــ ـــــ ـــ ــــ ـــــ ــ ـــــ ـــ ــــ ـــ ـــــــ ـــ ــــ ـــ ـــــ ـــ ـــــ ــ ـــ ـــــ ـــ ــــ ـــــ ـــ ـــ ـــــ ــ ـــ ـــــ ـــ ــــ ـــ ـــــــ ــ ـــــ ـــ ـــــ ـــ ــــ ـــــ ــ ـــــ ـــ ــــ ـــ ـــــــ ـــ ــــ ـــ ـــــ ـــ ـــــ ــ ـــ ـــــ ـــ ــــ ـــــ ـــ ـــ ـــــ ــ ـــ ـــــ ـــ ــــ ـــ ـــــــ ــ ـــــ ـــ ـــــ ـــ ــــ ـــــ ــ ـــــ ـــ ــــ ـــ ـــــــ ـــ ــــ ـــ ـــــ ـــ ـــــ ــ ـــ ـــــ ـــ ــــ ـــــ ـــ ـــ ـــــ ــ ـــ ـــــ ـــ ــــ ـــ ـــــــ ــ ـــــ ـــ ـــــ ـــ ــــ ـــــ ــ ـــــ ـــ ــــ ـــ ـــــــ ـــ ــــ ـــ ـــــ ـــ ـــــ ــ ـــ ـــــ ـــ ــــ ـــــ ـــ ـــ ـــــ ــ ـــ ـــــ ـــ ــــ ـــ ـــــــ ــ ـــــ ـــ ـــــ ـــ ــــ ـــــ ــ ـــــ ـــ ــــ ـــ ـــــــ ـــ ــــ ـــ ـــــ ـــ ـــــ ــ ـــ ـــــ ـــ ــــ ـــــ ـــ ـــ ـــــ ــ ـــ ـــــ ـــ ــــ ـــ ـــــــ ــ ـــــ ـــ ـــــ ـــ ــــ ـــــ ــ ـــــ ـــ ــــ ـــ ـــــــ ـــ ــــ ـــ ـــــ ـــ ـــــ ــ ـــ ـــــ ـــ ــــ ـــــ ـــ ـــ ـــــ ــ ـــ ـــــ ـــ ــــ ـــ ـــــــ ــ ـــــ ـــ ـــــ ـــ ــــ ـــــ ــ ـــــ ـــ ــــ ـــ ـــــــ ـــ ــــ ـــ ـــــ ـــ ـــــ ــ ـــ ـــــ ـــ ــــ ـــــ ـــ ـــ ـــــ ــ
۲
صفحه ۲۲۰
روزنامهٔ رسمی کشور شاهنشاهی ایران
۴ تیرماه ۱۳۲۲
ـــ ـــــ ـــ ــــ ـــ ـــــــ ــ ـــــ ـــ ـــــ ـــ ــــ ـــــ ــ ـــــ ـــ ــــ ـــ ـــــــ ـــ ــــ ـــ ـــــ ـــ ـــــ ــ ـــ ـــــ ـــ ــــ ـــــ ـــ ـــ ـــــ ــ ـــ ـــــ ـــ ــــ ـــ ـــــــ ــ ـــــ ـــ ـــــ ـــ ــــ ـــــ ــ ـــــ ـــ ــــ ـــ ـــــــ ـــ ــــ ـــ ـــــ ـــ ـــــ ــ ـــ ـــــ ـــ ــــ ـــــ ـــ ـــ ـــــ ــ ـــ ـــــ ـــ ــــ ـــ ـــــــ ــ ـــــ ـــ ـــــ ـــ ــــ ـــــ ــ ـــــ ـــ ــــ ـــ ـــــــ ـــ ــــ ـــ ـــــ ـــ ـــــ ــ ـــ ـــــ ـــ ــــ ـــــ ـــ ـــ ـــــ ــ ـــ ـــــ ـــ ــــ ـــ ـــــــ ــ ـــــ ـــ ـــــ ـــ ــــ ـــــ ــ ـــــ ـــ ــــ ـــ ـــــــ ـــ ــــ ـــ ـــــ ـــ ـــــ ــ ـــ ـــــ ـــ ــــ ـــــ ـــ ـــ ـــــ ــ ـــ ـــــ ـــ ــــ ـــ ـــــــ ــ ـــــ ـــ ـــــ ـــ ــــ ـــــ ــ ـــــ ـــ ــــ ـــ ـــــــ ـــ ــــ ـــ ـــــ ـــ ـــــ ــ ـــ ـــــ ـــ ــــ ـــــ ـــ ـــ ـــــ ــ
آقای ایزدی - بنابراین
ـــ ـــــ ـــ ــــ ـــ ـــــــ ــ ـــــ ـــ ـــــ ـــ ــــ ـــــ ــ ـــــ ـــ ــــ ـــ ـــــــ ـــ ــــ ـــ ـــــ ـــ ـــــ ــ ـــ ـــــ ـــ ــــ ـــــ ـــ ـــ ـــــ ــ ـــ ـــــ ـــ ــــ ـــ ـــــــ ــ ـــــ ـــ ـــــ ـــ ــــ ـــــ ــ ـــــ ـــ ــــ ـــ ـــــــ ـــ ــــ ـــ ـــــ ـــ ـــــ ــ ـــ ـــــ ـــ ــــ ـــــ ـــ ـــ ـــــ ــ ـــ ـــــ ـــ ــــ ـــ ـــــــ ــ ـــــ ـــ ـــــ ـــ ــــ ـــــ ــ ـــــ ـــ ــــ ـــ ـــــــ ـــ ــــ ـــ ـــــ ـــ ـــــ ــ ـــ ـــــ ـــ ــــ ـــــ ـــ ـــ ـــــ ــ ـــ ـــــ ـــ ــــ ـــ ـــــــ ــ ـــــ ـــ ـــــ ـــ ــــ ـــــ ــ ـــــ ـــ ــــ ـــ ـــــــ ـــ ــــ ـــ ـــــ ـــ ـــــ ــ ـــ ـــــ ـــ ــــ ـــــ ـــ ـــ ـــــ ــ
آقای اسماعیل
ـــ ـــــ ـــ ــــ ـــ ـــــــ ــ ـــــ ـــ ـــــ ـــ ــــ ـــــ ــ ـــــ ـــ ــــ ـــ ـــــــ ـــ ــــ ـــ ـــــ ـــ ـــــ ــ ـــ ـــــ ـــ ــــ ـــــ ـــ ـــ ـــــ ــ ـــ ـــــ ـــ ــــ ـــ ـــــــ ــ ـــــ ـــ ـــــ ـــ ــــ ـــــ ــ ـــــ ـــ ــــ ـــ ـــــــ ـــ ــــ ـــ ـــــ ـــ ـــــ ــ ـــ ـــــ ـــ ــــ ـــــ ـــ ـــ ـــــ ــ ـــ ـــــ ـــ ــــ ـــ ـــــــ ــ ـــــ ـــ ـــــ ـــ ــــ ـــــ ــ ـــــ ـــ ــــ ـــ ـــــــ ـــ ــــ ـــ ـــــ ـــ ـــــ ــ ـــ ـــــ ـــ ــــ ـــــ ـــ ـــ ـــــ ــ ـــ ـــــ ـــ ــــ ـــ ـــــــ ــ ـــــ ـــ ـــــ ـــ ــــ ـــــ ــ ـــــ ـــ ــــ ـــ ـــــــ ـــ ــــ ـــ ـــــ ـــ ـــــ ــ ـــ ـــــ ـــ ــــ ـــــ ـــ ـــ ـــــ ــ ـــ ـــــ ـــ ــــ ـــ ـــــــ ــ ـــــ ـــ ـــــ ـــ ــــ ـــــ ــ ـــــ ـــ ــــ ـــ ـــــــ ـــ ــــ ـــ ـــــ ـــ ـــــ ــ ـــ ـــــ ـــ ــــ ـــــ ـــ ـــ ـــــ ــ ـــ ـــــ ـــ ــــ ـــ ـــــــ ــ ـــــ ـــ ـــــ ـــ ــــ ـــــ ــ ـــــ ـــ ــــ ـــ ـــــــ ـــ ــــ ـــ ـــــ ـــ ـــــ ــ ـــ ـــــ ـــ ــــ ـــــ ـــ ـــ ـــــ ــ
آقای سیدعلی
ـــ ـــــ ـــ ــــ ـــ ـــــــ ــ ـــــ ـــ ـــــ ـــ ــــ ـــــ ــ ـــــ ـــ ــــ ـــ ـــــــ ـــ ــــ ـــ ـــــ ـــ ـــــ ــ ـــ ـــــ ـــ ــــ ـــــ ـــ ـــ ـــــ ــ ـــ ـــــ ـــ ــــ ـــ ـــــــ ــ ـــــ ـــ ـــــ ـــ ــــ ـــــ ــ ـــــ ـــ ــــ ـــ ـــــــ ـــ ــــ ـــ ـــــ ـــ ـــــ ــ ـــ ـــــ ـــ ــــ ـــــ ـــ ـــ ـــــ ــ ـــ ـــــ ـــ ــــ ـــ ـــــــ ــ ـــــ ـــ ـــــ ـــ ــــ ـــــ ــ ـــــ ـــ ــــ ـــ ـــــــ ـــ ــــ ـــ ـــــ ـــ ـــــ ــ ـــ ـــــ ـــ ــــ ـــــ ـــ ـــ ـــــ ــ ـــ ـــــ ـــ ــــ ـــ ـــــــ ــ ـــــ ـــ ـــــ ـــ ــــ ـــــ ــ ـــــ ـــ ــــ ـــ ـــــــ ـــ ــــ ـــ ـــــ ـــ ـــــ ــ ـــ ـــــ ـــ ــــ ـــــ ـــ ـــ ـــــ ــ
آقای مصدق
ـــ ـــــ ـــ ــــ ـــ ـــــــ ــ ـــــ ـــ ـــــ ـــ ــــ ـــــ ــ ـــــ ـــ ــــ ـــ ـــــــ ـــ ــــ ـــ ـــــ ـــ ـــــ ــ ـــ ـــــ ـــ ــــ ـــــ ـــ ـــ ـــــ ــ ـــ ـــــ ـــ ــــ ـــ ـــــــ ــ ـــــ ـــ ـــــ ـــ ــــ ـــــ ــ ـــــ ـــ ــــ ـــ ـــــــ ـــ ــــ ـــ ـــــ ـــ ـــــ ــ ـــ ـــــ ـــ ــــ ـــــ ـــ ـــ ـــــ ــ ـــ ـــــ ـــ ــــ ـــ ـــــــ ــ ـــــ ـــ ـــــ ـــ ــــ ـــــ ــ ـــــ ـــ ــــ ـــ ـــــــ ـــ ــــ ـــ ـــــ ـــ ـــــ ــ ـــ ـــــ ـــ ــــ ـــــ ـــ ـــ ـــــ ــ ـــ ـــــ ـــ ــــ ـــ ـــــــ ــ ـــــ ـــ ـــــ ـــ ــــ ـــــ ــ ـــــ ـــ ــــ ـــ ـــــــ ـــ ــــ ـــ ـــــ ـــ ـــــ ــ ـــ ـــــ ـــ ــــ ـــــ ـــ ـــ ـــــ ــ ـــ ـــــ ـــ ــــ ـــ ـــــــ ــ ـــــ ـــ ـــــ ـــ ــــ ـــــ ــ ـــــ ـــ ــــ ـــ ـــــــ ـــ ــــ ـــ ـــــ ـــ ـــــ ــ ـــ ـــــ ـــ ــــ ـــــ ـــ ـــ ـــــ ــ ـــ ـــــ ـــ ــــ ـــ ـــــــ ــ ـــــ ـــ ـــــ ـــ ــــ ـــــ ــ ـــــ ـــ ــــ ـــ ـــــــ ـــ ــــ ـــ ـــــ ـــ ـــــ ــ ـــ ـــــ ـــ ــــ ـــــ ـــ ـــ ـــــ ــ
آقای هاشمی
ـــ ـــــ ـــ ــــ ـــ ـــــــ ــ ـــــ ـــ ـــــ ـــ ــــ ـــــ ــ ـــــ ـــ ــــ ـــ ـــــــ ـــ ــــ ـــ ـــــ ـــ ـــــ ــ ـــ ـــــ ـــ ــــ ـــــ ـــ ـــ ـــــ ــ ـــ ـــــ ـــ ــــ ـــ ـــــــ ــ ـــــ ـــ ـــــ ـــ ــــ ـــــ ــ ـــــ ـــ ــــ ـــ ـــــــ ـــ ــــ ـــ ـــــ ـــ ـــــ ــ ـــ ـــــ ـــ ــــ ـــــ ـــ ـــ ـــــ ــ ـــ ـــــ ـــ ــــ ـــ ـــــــ ــ ـــــ ـــ ـــــ ـــ ــــ ـــــ ــ ـــــ ـــ ــــ ـــ ـــــــ ـــ ــــ ـــ ـــــ ـــ ـــــ ــ ـــ ـــــ ـــ ــــ ـــــ ـــ ـــ ـــــ ــ ـــ ـــــ ـــ ــــ ـــ ـــــــ ــ ـــــ ـــ ـــــ ـــ ــــ ـــــ ــ ـــــ ـــ ــــ ـــ ـــــــ ـــ ــــ ـــ ـــــ ـــ ـــــ ــ ـــ ـــــ ـــ ــــ ـــــ ـــ ـــ ـــــ ــ
آقای بلوردی
ـــ ـــــ ـــ ــــ ـــ ـــــــ ــ ـــــ ـــ ـــــ ـــ ــــ ـــــ ــ ـــــ ـــ ــــ ـــ ـــــــ ـــ ــــ ـــ ـــــ ـــ ـــــ ــ ـــ ـــــ ـــ ــــ ـــــ ـــ ـــ ـــــ ــ ـــ ـــــ ـــ ــــ ـــ ـــــــ ــ ـــــ ـــ ـــــ ـــ ــــ ـــــ ــ ـــــ ـــ ــــ ـــ ـــــــ ـــ ــــ ـــ ـــــ ـــ ـــــ ــ ـــ ـــــ ـــ ــــ ـــــ ـــ ـــ ـــــ ــ ـــ ـــــ ـــ ــــ ـــ ـــــــ ــ ـــــ ـــ ـــــ ـــ ــــ ـــــ ــ ـــــ ـــ ــــ ـــ ـــــــ ـــ ــــ ـــ ـــــ ـــ ـــــ ــ ـــ ـــــ ـــ ــــ ـــــ ـــ ـــ ـــــ ــ ـــ ـــــ ـــ ــــ ـــ ـــــــ ــ ـــــ ـــ ـــــ ـــ ــــ ـــــ ــ ـــــ ـــ ــــ ـــ ـــــــ ـــ ــــ ـــ ـــــ ـــ ـــــ ــ ـــ ـــــ ـــ ــــ ـــــ ـــ ـــ ـــــ ــ ـــ ـــــ ـــ ــــ ـــ ـــــــ ــ ـــــ ـــ ـــــ ـــ ــــ ـــــ ــ ـــــ ـــ ــــ ـــ ـــــــ ـــ ــــ ـــ ـــــ ـــ ـــــ ــ ـــ ـــــ ـــ ــــ ـــــ ـــ ـــ ـــــ ــ ـــ ـــــ ـــ ــــ ـــ ـــــــ ــ ـــــ ـــ ـــــ ـــ ــــ ـــــ ــ ـــــ ـــ ــــ ـــ ـــــــ ـــ ــــ ـــ ـــــ ـــ ـــــ ــ ـــ ـــــ ـــ ــــ ـــــ ـــ ـــ ـــــ ــ
آقای دماوندی
ـــ ـــــ ـــ ــــ ـــ ـــــــ ــ ـــــ ـــ ـــــ ـــ ــــ ـــــ ــ ـــــ ـــ ــــ ـــ ـــــــ ـــ ــــ ـــ ـــــ ـــ ـــــ ــ ـــ ـــــ ـــ ــــ ـــــ ـــ ـــ ـــــ ــ ـــ ـــــ ـــ ــــ ـــ ـــــــ ــ ـــــ ـــ ـــــ ـــ ــــ ـــــ ــ ـــــ ـــ ــــ ـــ ـــــــ ـــ ــــ ـــ ـــــ ـــ ـــــ ــ ـــ ـــــ ـــ ــــ ـــــ ـــ ـــ ـــــ ــ ـــ ـــــ ـــ ــــ ـــ ـــــــ ــ ـــــ ـــ ـــــ ـــ ــــ ـــــ ــ ـــــ ـــ ــــ ـــ ـــــــ ـــ ــــ ـــ ـــــ ـــ ـــــ ــ ـــ ـــــ ـــ ــــ ـــــ ـــ ـــ ـــــ ــ ـــ ـــــ ـــ ــــ ـــ ـــــــ ــ ـــــ ـــ ـــــ ـــ ــــ ـــــ ــ ـــــ ـــ ــــ ـــ ـــــــ ـــ ــــ ـــ ـــــ ـــ ـــــ ــ ـــ ـــــ ـــ ــــ ـــــ ـــ ـــ ـــــ ــ
آقای کاظمی
ـــ ـــــ ـــ ــــ ـــ ـــــــ ــ ـــــ ـــ ـــــ ـــ ــــ ـــــ ــ ـــــ ـــ ــــ ـــ ـــــــ ـــ ــــ ـــ ـــــ ـــ ـــــ ــ ـــ ـــــ ـــ ــــ ـــــ ـــ ـــ ـــــ ــ ـــ ـــــ ـــ ــــ ـــ ـــــــ ــ ـــــ ـــ ـــــ ـــ ــــ ـــــ ــ ـــــ ـــ ــــ ـــ ـــــــ ـــ ــــ ـــ ـــــ ـــ ـــــ ــ ـــ ـــــ ـــ ــــ ـــــ ـــ ـــ ـــــ ــ ـــ ـــــ ـــ ــــ ـــ ـــــــ ــ ـــــ ـــ ـــــ ـــ ــــ ـــــ ــ ـــــ ـــ ــــ ـــ ـــــــ ـــ ــــ ـــ ـــــ ـــ ـــــ ــ ـــ ـــــ ـــ ــــ ـــــ ـــ ـــ ـــــ ــ ـــ ـــــ ـــ ــــ ـــ ـــــــ ــ ـــــ ـــ ـــــ ـــ ــــ ـــــ ــ ـــــ ـــ ــــ ـــ ـــــــ ـــ ــــ ـــ ـــــ ـــ ـــــ ــ ـــ ـــــ ـــ ــــ ـــــ ـــ ـــ ـــــ ــ ـــ ـــــ ـــ ــــ ـــ ـــــــ ــ ـــــ ـــ ـــــ ـــ ــــ ـــــ ــ ـــــ ـــ ــــ ـــ ـــــــ ـــ ــــ ـــ ـــــ ـــ ـــــ ــ ـــ ـــــ ـــ ــــ ـــــ ـــ ـــ ـــــ ــ ـــ ـــــ ـــ ــــ ـــ ـــــــ ــ ـــــ ـــ ـــــ ـــ ــــ ـــــ ــ ـــــ ـــ ــــ ـــ ـــــــ ـــ ــــ ـــ ـــــ ـــ ـــــ ــ ـــ ـــــ ـــ ــــ ـــــ ـــ ـــ ـــــ ــ
آقای ملکی
ـــ ـــــ ـــ ــــ ـــ ـــــــ ــ ـــــ ـــ ـــــ ـــ ــــ ـــــ ــ ـــــ ـــ ــــ ـــ ـــــــ ـــ ــــ ـــ ـــــ ـــ ـــــ ــ ـــ ـــــ ـــ ــــ ـــــ ـــ ـــ ـــــ ــ ـــ ـــــ ـــ ــــ ـــ ـــــــ ــ ـــــ ـــ ـــــ ـــ ــــ ـــــ ــ ـــــ ـــ ــــ ـــ ـــــــ ـــ ــــ ـــ ـــــ ـــ ـــــ ــ ـــ ـــــ ـــ ــــ ـــــ ـــ ـــ ـــــ ــ ـــ ـــــ ـــ ــــ ـــ ـــــــ ــ ـــــ ـــ ـــــ ـــ ــــ ـــــ ــ ـــــ ـــ ــــ ـــ ـــــــ ـــ ــــ ـــ ـــــ ـــ ـــــ ــ ـــ ـــــ ـــ ــــ ـــــ ـــ ـــ ـــــ ــ ـــ ـــــ ـــ ــــ ـــ ـــــــ ــ ـــــ ـــ ـــــ ـــ ــــ ـــــ ــ ـــــ ـــ ــــ ـــ ـــــــ ـــ ــــ ـــ ـــــ ـــ ـــــ ــ ـــ ـــــ ـــ ــــ ـــــ ـــ ـــ ـــــ ــ ـــ ـــــ ـــ ــــ ـــ ـــــــ ــ ـــــ ـــ ـــــ ـــ ــــ ـــــ ــ ـــــ ـــ ــــ ـــ ـــــــ ـــ ــــ ـــ ـــــ ـــ ـــــ ــ ـــ ـــــ ـــ ــــ ـــــ ـــ ـــ ـــــ ــ ـــ ـــــ ـــ ــــ ـــ ـــــــ ــ ـــــ ـــ ـــــ ـــ ــــ ـــــ ــ ـــــ ـــ ــــ ـــ ـــــــ ـــ ــــ ـــ ـــــ ـــ ـــــ ــ ـــ ـــــ ـــ ــــ ـــــ ـــ ـــ ـــــ ــ ـــ ـــــ ـــ ــــ ـــ ـــــــ ــ ـــــ ـــ ـــــ ـــ ــــ ـــــ ــ ـــــ ـــ ــــ ـــ ـــــــ ـــ ــــ ـــ ـــــ ـــ ـــــ ــ ـــ ـــــ ـــ ــــ ـــــ ـــ ـــ ـــــ ــ ـــ ـــــ ـــ ــــ ـــ ـــــــ ــ ـــــ ـــ ـــــ ـــ ــــ ـــــ ــ ـــــ ـــ ــــ ـــ ـــــــ ـــ ــــ ـــ ـــــ ـــ ـــــ ــ ـــ ـــــ ـــ ــــ ـــــ ـــ ـــ ـــــ ــ
ـــ ـــــ ـــ ــــ ـــ ـــــــ ــ ـــــ ـــ ـــــ ـــ ــــ ـــــ ــ ـــــ ـــ ــــ ـــ ـــــــ ـــ ــــ ـــ ـــــ ـــ ـــــ ــ ـــ ـــــ ـــ ــــ ـــــ ـــ ـــ ـــــ ــ ـــ ـــــ ـــ ــــ ـــ ـــــــ ــ ـــــ ـــ ـــــ ـــ ــــ ـــــ ــ ـــــ ـــ ــــ ـــ ـــــــ ـــ ــــ ـــ ـــــ ـــ ـــــ ــ ـــ ـــــ ـــ ــــ ـــــ ـــ ـــ ـــــ ــ ـــ ـــــ ـــ ــــ ـــ ـــــــ ــ ـــــ ـــ ـــــ ـــ ــــ ـــــ ــ ـــــ ـــ ــــ ـــ ـــــــ ـــ ــــ ـــ ـــــ ـــ ـــــ ــ ـــ ـــــ ـــ ــــ ـــــ ـــ ـــ ـــــ ــ ـــ ـــــ ـــ ــــ ـــ ـــــــ ــ ـــــ ـــ ـــــ ـــ ــــ ـــــ ــ ـــــ ـــ ــــ ـــ ـــــــ ـــ ــــ ـــ ـــــ ـــ ـــــ ــ ـــ ـــــ ـــ ــــ ـــــ ـــ ـــ ـــــ ــ ـــ ـــــ ـــ ــــ ـــ ـــــــ ــ ـــــ ـــ ـــــ ـــ ــــ ـــــ ــ ـــــ ـــ ــــ ـــ ـــــــ ـــ ــــ ـــ ـــــ ـــ ـــــ ــ ـــ ـــــ ـــ ــــ ـــــ ـــ ـــ ـــــ ــ
حاجی محمد اسماعیل آقا
ـــ ـــــ ـــ ــــ ـــ ـــــــ ــ ـــــ ـــ ـــــ ـــ ــــ ـــــ ــ ـــــ ـــ ــــ ـــ ـــــــ ـــ ــــ ـــ ـــــ ـــ ـــــ ــ ـــ ـــــ ـــ ــــ ـــــ ـــ ـــ ـــــ ــ ـــ ـــــ ـــ ــــ ـــ ـــــــ ــ ـــــ ـــ ـــــ ـــ ــــ ـــــ ــ ـــــ ـــ ــــ ـــ ـــــــ ـــ ــــ ـــ ـــــ ـــ ـــــ ــ ـــ ـــــ ـــ ــــ ـــــ ـــ ـــ ـــــ ــ ـــ ـــــ ـــ ــــ ـــ ـــــــ ــ ـــــ ـــ ـــــ ـــ ــــ ـــــ ــ ـــــ ـــ ــــ ـــ ـــــــ ـــ ــــ ـــ ـــــ ـــ ـــــ ــ ـــ ـــــ ـــ ــــ ـــــ ـــ ـــ ـــــ ــ ـــ ـــــ ـــ ــــ ـــ ـــــــ ــ ـــــ ـــ ـــــ ـــ ــــ ـــــ ــ ـــــ ـــ ــــ ـــ ـــــــ ـــ ــــ ـــ ـــــ ـــ ـــــ ــ ـــ ـــــ ـــ ــــ ـــــ ـــ ـــ ـــــ ــ
آقای شیخ الاسلامی
ـــ ـــــ ـــ ــــ ـــ ـــــــ ــ ـــــ ـــ ـــــ ـــ ــــ ـــــ ــ ـــــ ـــ ــــ ـــ ـــــــ ـــ ــــ ـــ ـــــ ـــ ـــــ ــ ـــ ـــــ ـــ ــــ ـــــ ـــ ـــ ـــــ ــ ـــ ـــــ ـــ ــــ ـــ ـــــــ ــ ـــــ ـــ ـــــ ـــ ــــ ـــــ ــ ـــــ ـــ ــــ ـــ ـــــــ ـــ ــــ ـــ ـــــ ـــ ـــــ ــ ـــ ـــــ ـــ ــــ ـــــ ـــ ـــ ـــــ ــ ـــ ـــــ ـــ ــــ ـــ ـــــــ ــ ـــــ ـــ ـــــ ـــ ــــ ـــــ ــ ـــــ ـــ ــــ ـــ ـــــــ ـــ ــــ ـــ ـــــ ـــ ـــــ ــ ـــ ـــــ ـــ ــــ ـــــ ـــ ـــ ـــــ ــ ـــ ـــــ ـــ ــــ ـــ ـــــــ ــ ـــــ ـــ ـــــ ـــ ــــ ـــــ ــ ـــــ ـــ ــــ ـــ ـــــــ ـــ ــــ ـــ ـــــ ـــ ـــــ ــ ـــ ـــــ ـــ ــــ ـــــ ـــ ـــ ـــــ ــ ـــ ـــــ ـــ ــــ ـــ ـــــــ ــ ـــــ ـــ ـــــ ـــ ــــ ـــــ ــ ـــــ ـــ ــــ ـــ ـــــــ ـــ ــــ ـــ ـــــ ـــ ـــــ ــ ـــ ـــــ ـــ ــــ ـــــ ـــ ـــ ـــــ ــ ـــ ـــــ ـــ ــــ ـــ ـــــــ ــ ـــــ ـــ ـــــ ـــ ــــ ـــــ ــ ـــــ ـــ ــــ ـــ ـــــــ ـــ ــــ ـــ ـــــ ـــ ـــــ ــ ـــ ـــــ ـــ ــــ ـــــ ـــ ـــ ـــــ ــ
آقای ملک مدنی
ـــ ـــــ ـــ ــــ ـــ ـــــــ ــ ـــــ ـــ ـــــ ـــ ــــ ـــــ ــ ـــــ ـــ ــــ ـــ ـــــــ ـــ ــــ ـــ ـــــ ـــ ـــــ ــ ـــ ـــــ ـــ ــــ ـــــ ـــ ـــ ـــــ ــ ـــ ـــــ ـــ ــــ ـــ ـــــــ ــ ـــــ ـــ ـــــ ـــ ــــ ـــــ ــ ـــــ ـــ ــــ ـــ ـــــــ ـــ ــــ ـــ ـــــ ـــ ـــــ ــ ـــ ـــــ ـــ ــــ ـــــ ـــ ـــ ـــــ ــ ـــ ـــــ ـــ ــــ ـــ ـــــــ ــ ـــــ ـــ ـــــ ـــ ــــ ـــــ ــ ـــــ ـــ ــــ ـــ ـــــــ ـــ ــــ ـــ ـــــ ـــ ـــــ ــ ـــ ـــــ ـــ ــــ ـــــ ـــ ـــ ـــــ ــ ـــ ـــــ ـــ ــــ ـــ ـــــــ ــ ـــــ ـــ ـــــ ـــ ــــ ـــــ ــ ـــــ ـــ ــــ ـــ ـــــــ ـــ ــــ ـــ ـــــ ـــ ـــــ ــ ـــ ـــــ ـــ ــــ ـــــ ـــ ـــ ـــــ ــ
آقای لیقوانی
ـــ ـــــ ـــ ــــ ـــ ـــــــ ــ ـــــ ـــ ـــــ ـــ ــــ ـــــ ــ ـــــ ـــ ــــ ـــ ـــــــ ـــ ــــ ـــ ـــــ ـــ ـــــ ــ ـــ ـــــ ـــ ــــ ـــــ ـــ ـــ ـــــ ــ ـــ ـــــ ـــ ــــ ـــ ـــــــ ــ ـــــ ـــ ـــــ ـــ ــــ ـــــ ــ ـــــ ـــ ــــ ـــ ـــــــ ـــ ــــ ـــ ـــــ ـــ ـــــ ــ ـــ ـــــ ـــ ــــ ـــــ ـــ ـــ ـــــ ــ ـــ ـــــ ـــ ــــ ـــ ـــــــ ــ ـــــ ـــ ـــــ ـــ ــــ ـــــ ــ ـــــ ـــ ــــ ـــ ـــــــ ـــ ــــ ـــ ـــــ ـــ ـــــ ــ ـــ ـــــ ـــ ــــ ـــــ ـــ ـــ ـــــ ــ ـــ ـــــ ـــ ــــ ـــ ـــــــ ــ ـــــ ـــ ـــــ ـــ ــــ ـــــ ــ ـــــ ـــ ــــ ـــ ـــــــ ـــ ــــ ـــ ـــــ ـــ ـــــ ــ ـــ ـــــ ـــ ــــ ـــــ ـــ ـــ ـــــ ــ ـــ ـــــ ـــ ــــ ـــ ـــــــ ــ ـــــ ـــ ـــــ ـــ ــــ ـــــ ــ ـــــ ـــ ــــ ـــ ـــــــ ـــ ــــ ـــ ـــــ ـــ ـــــ ــ ـــ ـــــ ـــ ــــ ـــــ ـــ ـــ ـــــ ــ ـــ ـــــ ـــ ــــ ـــ ـــــــ ــ ـــــ ـــ ـــــ ـــ ــــ ـــــ ــ ـــــ ـــ ــــ ـــ ـــــــ ـــ ــــ ـــ ـــــ ـــ ـــــ ــ ـــ ـــــ ـــ ــــ ـــــ ـــ ـــ ـــــ ــ
آقای طوسی
ـــ ـــــ ـــ ــــ ـــ ـــــــ ــ ـــــ ـــ ـــــ ـــ ــــ ـــــ ــ ـــــ ـــ ــــ ـــ ـــــــ ـــ ــــ ـــ ـــــ ـــ ـــــ ــ ـــ ـــــ ـــ ــــ ـــــ ـــ ـــ ـــــ ــ ـــ ـــــ ـــ ــــ ـــ ـــــــ ــ ـــــ ـــ ـــــ ـــ ــــ ـــــ ــ ـــــ ـــ ــــ ـــ ـــــــ ـــ ــــ ـــ ـــــ ـــ ـــــ ــ ـــ ـــــ ـــ ــــ ـــــ ـــ ـــ ـــــ ــ ـــ ـــــ ـــ ــــ ـــ ـــــــ ــ ـــــ ـــ ـــــ ـــ ــــ ـــــ ــ ـــــ ـــ ــــ ـــ ـــــــ ـــ ــــ ـــ ـــــ ـــ ـــــ ــ ـــ ـــــ ـــ ــــ ـــــ ـــ ـــ ـــــ ــ ـــ ـــــ ـــ ــــ ـــ ـــــــ ــ ـــــ ـــ ـــــ ـــ ــــ ـــــ ــ ـــــ ـــ ــــ ـــ ـــــــ ـــ ــــ ـــ ـــــ ـــ ـــــ ــ ـــ ـــــ ـــ ــــ ـــــ ـــ ـــ ـــــ ــ
آقای مهدوی
ـــ ـــــ ـــ ــــ ـــ ـــــــ ــ ـــــ ـــ ـــــ ـــ ــــ ـــــ ــ ـــــ ـــ ــــ ـــ ـــــــ ـــ ــــ ـــ ـــــ ـــ ـــــ ــ ـــ ـــــ ـــ ــــ ـــــ ـــ ـــ ـــــ ــ ـــ ـــــ ـــ ــــ ـــ ـــــــ ــ ـــــ ـــ ـــــ ـــ ــــ ـــــ ــ ـــــ ـــ ــــ ـــ ـــــــ ـــ ــــ ـــ ـــــ ـــ ـــــ ــ ـــ ـــــ ـــ ــــ ـــــ ـــ ـــ ـــــ ــ ـــ ـــــ ـــ ــــ ـــ ـــــــ ــ ـــــ ـــ ـــــ ـــ ــــ ـــــ ــ ـــــ ـــ ــــ ـــ ـــــــ ـــ ــــ ـــ ـــــ ـــ ـــــ ــ ـــ ـــــ ـــ ــــ ـــــ ـــ ـــ ـــــ ــ ـــ ـــــ ـــ ــــ ـــ ـــــــ ــ ـــــ ـــ ـــــ ـــ ــــ ـــــ ــ ـــــ ـــ ــــ ـــ ـــــــ ـــ ــــ ـــ ـــــ ـــ ـــــ ــ ـــ ـــــ ـــ ــــ ـــــ ـــ ـــ ـــــ ــ ـــ ـــــ ـــ ــــ ـــ ـــــــ ــ ـــــ ـــ ـــــ ـــ ــــ ـــــ ــ ـــــ ـــ ــــ ـــ ـــــــ ـــ ــــ ـــ ـــــ ـــ ـــــ ــ ـــ ـــــ ـــ ــــ ـــــ ـــ ـــ ـــــ ــ ـــ ـــــ ـــ ــــ ـــ ـــــــ ــ ـــــ ـــ ـــــ ـــ ــــ ـــــ ــ ـــــ ـــ ــــ ـــ ـــــــ ـــ ــــ ـــ ـــــ ـــ ـــــ ــ ـــ ـــــ ـــ ــــ ـــــ ـــ ـــ ـــــ ــ
آقای محمدولی
ـــ ـــــ ـــ ــــ ـــ ـــــــ ــ ـــــ ـــ ـــــ ـــ ــــ ـــــ ــ ـــــ ـــ ــــ ـــ ـــــــ ـــ ــــ ـــ ـــــ ـــ ـــــ ــ ـــ ـــــ ـــ ــــ ـــــ ـــ ـــ ـــــ ــ ـــ ـــــ ـــ ــــ ـــ ـــــــ ــ ـــــ ـــ ـــــ ـــ ــــ ـــــ ــ ـــــ ـــ ــــ ـــ ـــــــ ـــ ــــ ـــ ـــــ ـــ ـــــ ــ ـــ ـــــ ـــ ــــ ـــــ ـــ ـــ ـــــ ــ ـــ ـــــ ـــ ــــ ـــ ـــــــ ــ ـــــ ـــ ـــــ ـــ ــــ ـــــ ــ ـــــ ـــ ــــ ـــ ـــــــ ـــ ــــ ـــ ـــــ ـــ ـــــ ــ ـــ ـــــ ـــ ــــ ـــــ ـــ ـــ ـــــ ــ ـــ ـــــ ـــ ــــ ـــ ـــــــ ــ ـــــ ـــ ـــــ ـــ ــــ ـــــ ــ ـــــ ـــ ــــ ـــ ـــــــ ـــ ــــ ـــ ـــــ ـــ ـــــ ــ ـــ ـــــ ـــ ــــ ـــــ ـــ ـــ ـــــ ــ
آقای اسکندری
ـــ ـــــ ـــ ــــ ـــ ـــــــ ــ ـــــ ـــ ـــــ ـــ ــــ ـــــ ــ ـــــ ـــ ــــ ـــ ـــــــ ـــ ــــ ـــ ـــــ ـــ ـــــ ــ ـــ ـــــ ـــ ــــ ـــــ ـــ ـــ ـــــ ــ ـــ ـــــ ـــ ــــ ـــ ـــــــ ــ ـــــ ـــ ـــــ ـــ ــــ ـــــ ــ ـــــ ـــ ــــ ـــ ـــــــ ـــ ــــ ـــ ـــــ ـــ ـــــ ــ ـــ ـــــ ـــ ــــ ـــــ ـــ ـــ ـــــ ــ ـــ ـــــ ـــ ــــ ـــ ـــــــ ــ ـــــ ـــ ـــــ ـــ ــــ ـــــ ــ ـــــ ـــ ــــ ـــ ـــــــ ـــ ــــ ـــ ـــــ ـــ ـــــ ــ ـــ ـــــ ـــ ــــ ـــــ ـــ ـــ ـــــ ــ ـــ ـــــ ـــ ــــ ـــ ـــــــ ــ ـــــ ـــ ـــــ ـــ ــــ ـــــ ــ ـــــ ـــ ــــ ـــ ـــــــ ـــ ــــ ـــ ـــــ ـــ ـــــ ــ ـــ ـــــ ـــ ــــ ـــــ ـــ ـــ ـــــ ــ ـــ ـــــ ـــ ــــ ـــ ـــــــ ــ ـــــ ـــ ـــــ ـــ ــــ ـــــ ــ ـــــ ـــ ــــ ـــ ـــــــ ـــ ــــ ـــ ـــــ ـــ ـــــ ــ ـــ ـــــ ـــ ــــ ـــــ ـــ ـــ ـــــ ــ ـــ ـــــ ـــ ــــ ـــ ـــــــ ــ ـــــ ـــ ـــــ ـــ ــــ ـــــ ــ ـــــ ـــ ــــ ـــ ـــــــ ـــ ــــ ـــ ـــــ ـــ ـــــ ــ ـــ ـــــ ـــ ــــ ـــــ ـــ ـــ ـــــ ــ
آقای فرهودی
ـــ ـــــ ـــ ــــ ـــ ـــــــ ــ ـــــ ـــ ـــــ ـــ ــــ ـــــ ــ ـــــ ـــ ــــ ـــ ـــــــ ـــ ــــ ـــ ـــــ ـــ ـــــ ــ ـــ ـــــ ـــ ــــ ـــــ ـــ ـــ ـــــ ــ ـــ ـــــ ـــ ــــ ـــ ـــــــ ــ ـــــ ـــ ـــــ ـــ ــــ ـــــ ــ ـــــ ـــ ــــ ـــ ـــــــ ـــ ــــ ـــ ـــــ ـــ ـــــ ــ ـــ ـــــ ـــ ــــ ـــــ ـــ ـــ ـــــ ــ ـــ ـــــ ـــ ــــ ـــ ـــــــ ــ ـــــ ـــ ـــــ ـــ ــــ ـــــ ــ ـــــ ـــ ــــ ـــ ـــــــ ـــ ــــ ـــ ـــــ ـــ ـــــ ــ ـــ ـــــ ـــ ــــ ـــــ ـــ ـــ ـــــ ــ ـــ ـــــ ـــ ــــ ـــ ـــــــ ــ ـــــ ـــ ـــــ ـــ ــــ ـــــ ــ ـــــ ـــ ــــ ـــ ـــــــ ـــ ــــ ـــ ـــــ ـــ ـــــ ــ ـــ ـــــ ـــ ــــ ـــــ ـــ ـــ ـــــ ــ
آقای شهاب
ـــ ـــــ ـــ ــــ ـــ ـــــــ ــ ـــــ ـــ ـــــ ـــ ــــ ـــــ ــ ـــــ ـــ ــــ ـــ ـــــــ ـــ ــــ ـــ ـــــ ـــ ـــــ ــ ـــ ـــــ ـــ ــــ ـــــ ـــ ـــ ـــــ ــ ـــ ـــــ ـــ ــــ ـــ ـــــــ ــ ـــــ ـــ ـــــ ـــ ــــ ـــــ ــ ـــــ ـــ ــــ ـــ ـــــــ ـــ ــــ ـــ ـــــ ـــ ـــــ ــ ـــ ـــــ ـــ ــــ ـــــ ـــ ـــ ـــــ ــ ـــ ـــــ ـــ ــــ ـــ ـــــــ ــ ـــــ ـــ ـــــ ـــ ــــ ـــــ ــ ـــــ ـــ ــــ ـــ ـــــــ ـــ ــــ ـــ ـــــ ـــ ـــــ ــ ـــ ـــــ ـــ ــــ ـــــ ـــ ـــ ـــــ ــ ـــ ـــــ ـــ ــــ ـــ ـــــــ ــ ـــــ ـــ ـــــ ـــ ــــ ـــــ ــ ـــــ ـــ ــــ ـــ ـــــــ ـــ ــــ ـــ ـــــ ـــ ـــــ ــ ـــ ـــــ ـــ ــــ ـــــ ـــ ـــ ـــــ ــ ـــ ـــــ ـــ ــــ ـــ ـــــــ ــ ـــــ ـــ ـــــ ـــ ــــ ـــــ ــ ـــــ ـــ ــــ ـــ ـــــــ ـــ ــــ ـــ ـــــ ـــ ـــــ ــ ـــ ـــــ ـــ ــــ ـــــ ـــ ـــ ـــــ ــ ـــ ـــــ ـــ ــــ ـــ ـــــــ ــ ـــــ ـــ ـــــ ـــ ــــ ـــــ ــ ـــــ ـــ ــــ ـــ ـــــــ ـــ ــــ ـــ ـــــ ـــ ـــــ ــ ـــ ـــــ ـــ ــــ ـــــ ـــ ـــ ـــــ ــ ـــ ـــــ ـــ ــــ ـــ ـــــــ ــ ـــــ ـــ ـــــ ـــ ــــ ـــــ ــ ـــــ ـــ ــــ ـــ ـــــــ ـــ ــــ ـــ ـــــ ـــ ـــــ ــ ـــ ـــــ ـــ ــــ ـــــ ـــ ـــ ـــــ ــ ـــ ـــــ ـــ ــــ ـــ ـــــــ ــ ـــــ ـــ ـــــ ـــ ــــ ـــــ ــ ـــــ ـــ ــــ ـــ ـــــــ ـــ ــــ ـــ ـــــ ـــ ـــــ ــ ـــ ـــــ ـــ ــــ ـــــ ـــ ـــ ـــــ ــ
ـــ ـــــ ـــ ــــ ـــ ـــــــ ــ ـــــ ـــ ـــــ ـــ ــــ ـــــ ــ ـــــ ـــ ــــ ـــ ـــــــ ـــ ــــ ـــ ـــــ ـــ ـــــ ــ ـــ ـــــ ـــ ــــ ـــــ ـــ ـــ ـــــ ــ ـــ ـــــ ـــ ــــ ـــ ـــــــ ــ ـــــ ـــ ـــــ ـــ ــــ ـــــ ــ ـــــ ـــ ــــ ـــ ـــــــ ـــ ــــ ـــ ـــــ ـــ ـــــ ــ ـــ ـــــ ـــ ــــ ـــــ ـــ ـــ ـــــ ــ ـــ ـــــ ـــ ــــ ـــ ـــــــ ــ ـــــ ـــ ـــــ ـــ ــــ ـــــ ــ ـــــ ـــ ــــ ـــ ـــــــ ـــ ــــ ـــ ـــــ ـــ ـــــ ــ ـــ ـــــ ـــ ــــ ـــــ ـــ ـــ ـــــ ــ ـــ ـــــ ـــ ــــ ـــ ـــــــ ــ ـــــ ـــ ـــــ ـــ ــــ ـــــ ــ ـــــ ـــ ــــ ـــ ـــــــ ـــ ــــ ـــ ـــــ ـــ ـــــ ــ ـــ ـــــ ـــ ــــ ـــــ ـــ ـــ ـــــ ــ ـــ ـــــ ـــ ــــ ـــ ـــــــ ــ ـــــ ـــ ـــــ ـــ ــــ ـــــ ــ ـــــ ـــ ــــ ـــ ـــــــ ـــ ــــ ـــ ـــــ ـــ ـــــ ــ ـــ ـــــ ـــ ــــ ـــــ ـــ ـــ ـــــ ــ
آقایان محمد اسماعیل
ـــ ـــــ ـــ ــــ ـــ ـــــــ ــ ـــــ ـــ ـــــ ـــ ــــ ـــــ ــ ـــــ ـــ ــــ ـــ ـــــــ ـــ ــــ ـــ ـــــ ـــ ـــــ ــ ـــ ـــــ ـــ ــــ ـــــ ـــ ـــ ـــــ ــ ـــ ـــــ ـــ ــــ ـــ ـــــــ ــ ـــــ ـــ ـــــ ـــ ــــ ـــــ ــ ـــــ ـــ ــــ ـــ ـــــــ ـــ ــــ ـــ ـــــ ـــ ـــــ ــ ـــ ـــــ ـــ ــــ ـــــ ـــ ـــ ـــــ ــ ـــ ـــــ ـــ ــــ ـــ ـــــــ ــ ـــــ ـــ ـــــ ـــ ــــ ـــــ ــ ـــــ ـــ ــــ ـــ ـــــــ ـــ ــــ ـــ ـــــ ـــ ـــــ ــ ـــ ـــــ ـــ ــــ ـــــ ـــ ـــ ـــــ ــ ـــ ـــــ ـــ ــــ ـــ ـــــــ ــ ـــــ ـــ ـــــ ـــ ــــ ـــــ ــ ـــــ ـــ ــــ ـــ ـــــــ ـــ ــــ ـــ ـــــ ـــ ـــــ ــ ـــ ـــــ ـــ ــــ ـــــ ـــ ـــ ـــــ ــ
آقای امیرتیمور
ـــ ـــــ ـــ ــــ ـــ ـــــــ ــ ـــــ ـــ ـــــ ـــ ــــ ـــــ ــ ـــــ ـــ ــــ ـــ ـــــــ ـــ ــــ ـــ ـــــ ـــ ـــــ ــ ـــ ـــــ ـــ ــــ ـــــ ـــ ـــ ـــــ ــ ـــ ـــــ ـــ ــــ ـــ ـــــــ ــ ـــــ ـــ ـــــ ـــ ــــ ـــــ ــ ـــــ ـــ ــــ ـــ ـــــــ ـــ ــــ ـــ ـــــ ـــ ـــــ ــ ـــ ـــــ ـــ ــــ ـــــ ـــ ـــ ـــــ ــ ـــ ـــــ ـــ ــــ ـــ ـــــــ ــ ـــــ ـــ ـــــ ـــ ــــ ـــــ ــ ـــــ ـــ ــــ ـــ ـــــــ ـــ ــــ ـــ ـــــ ـــ ـــــ ــ ـــ ـــــ ـــ ــــ ـــــ ـــ ـــ ـــــ ــ ـــ ـــــ ـــ ــــ ـــ ـــــــ ــ ـــــ ـــ ـــــ ـــ ــــ ـــــ ــ ـــــ ـــ ــــ ـــ ـــــــ ـــ ــــ ـــ ـــــ ـــ ـــــ ــ ـــ ـــــ ـــ ــــ ـــــ ـــ ـــ ـــــ ــ ـــ ـــــ ـــ ــــ ـــ ـــــــ ــ ـــــ ـــ ـــــ ـــ ــــ ـــــ ــ ـــــ ـــ ــــ ـــ ـــــــ ـــ ــــ ـــ ـــــ ـــ ـــــ ــ ـــ ـــــ ـــ ــــ ـــــ ـــ ـــ ـــــ ــ ـــ ـــــ ـــ ــــ ـــ ـــــــ ــ ـــــ ـــ ـــــ ـــ ــــ ـــــ ــ ـــــ ـــ ــــ ـــ ـــــــ ـــ ــــ ـــ ـــــ ـــ ـــــ ــ ـــ ـــــ ـــ ــــ ـــــ ـــ ـــ ـــــ ــ
آقای تهرانچی
ـــ ـــــ ـــ ــــ ـــ ـــــــ ــ ـــــ ـــ ـــــ ـــ ــــ ـــــ ــ ـــــ ـــ ــــ ـــ ـــــــ ـــ ــــ ـــ ـــــ ـــ ـــــ ــ ـــ ـــــ ـــ ــــ ـــــ ـــ ـــ ـــــ ــ ـــ ـــــ ـــ ــــ ـــ ـــــــ ــ ـــــ ـــ ـــــ ـــ ــــ ـــــ ــ ـــــ ـــ ــــ ـــ ـــــــ ـــ ــــ ـــ ـــــ ـــ ـــــ ــ ـــ ـــــ ـــ ــــ ـــــ ـــ ـــ ـــــ ــ ـــ ـــــ ـــ ــــ ـــ ـــــــ ــ ـــــ ـــ ـــــ ـــ ــــ ـــــ ــ ـــــ ـــ ــــ ـــ ـــــــ ـــ ــــ ـــ ـــــ ـــ ـــــ ــ ـــ ـــــ ـــ ــــ ـــــ ـــ ـــ ـــــ ــ ـــ ـــــ ـــ ــــ ـــ ـــــــ ــ ـــــ ـــ ـــــ ـــ ــــ ـــــ ــ ـــــ ـــ ــــ ـــ ـــــــ ـــ ــــ ـــ ـــــ ـــ ـــــ ــ ـــ ـــــ ـــ ــــ ـــــ ـــ ـــ ـــــ ــ
آقای کاشانی
ـــ ـــــ ـــ ــــ ـــ ـــــــ ــ ـــــ ـــ ـــــ ـــ ــــ ـــــ ــ ـــــ ـــ ــــ ـــ ـــــــ ـــ ــــ ـــ ـــــ ـــ ـــــ ــ ـــ ـــــ ـــ ــــ ـــــ ـــ ـــ ـــــ ــ ـــ ـــــ ـــ ــــ ـــ ـــــــ ــ ـــــ ـــ ـــــ ـــ ــــ ـــــ ــ ـــــ ـــ ــــ ـــ ـــــــ ـــ ــــ ـــ ـــــ ـــ ـــــ ــ ـــ ـــــ ـــ ــــ ـــــ ـــ ـــ ـــــ ــ ـــ ـــــ ـــ ــــ ـــ ـــــــ ــ ـــــ ـــ ـــــ ـــ ــــ ـــــ ــ ـــــ ـــ ــــ ـــ ـــــــ ـــ ــــ ـــ ـــــ ـــ ـــــ ــ ـــ ـــــ ـــ ــــ ـــــ ـــ ـــ ـــــ ــ ـــ ـــــ ـــ ــــ ـــ ـــــــ ــ ـــــ ـــ ـــــ ـــ ــــ ـــــ ــ ـــــ ـــ ــــ ـــ ـــــــ ـــ ــــ ـــ ـــــ ـــ ـــــ ــ ـــ ـــــ ـــ ــــ ـــــ ـــ ـــ ـــــ ــ ـــ ـــــ ـــ ــــ ـــ ـــــــ ــ ـــــ ـــ ـــــ ـــ ــــ ـــــ ــ ـــــ ـــ ــــ ـــ ـــــــ ـــ ــــ ـــ ـــــ ـــ ـــــ ــ ـــ ـــــ ـــ ــــ ـــــ ـــ ـــ ـــــ ــ ـــ ـــــ ـــ ــــ ـــ ـــــــ ــ ـــــ ـــ ـــــ ـــ ــــ ـــــ ــ ـــــ ـــ ــــ ـــ ـــــــ ـــ ــــ ـــ ـــــ ـــ ـــــ ــ ـــ ـــــ ـــ ــــ ـــــ ـــ ـــ ـــــ ــ
آقای محمد تقی
ـــ ـــــ ـــ ــــ ـــ ـــــــ ــ ـــــ ـــ ـــــ ـــ ــــ ـــــ ــ ـــــ ـــ ــــ ـــ ـــــــ ـــ ــــ ـــ ـــــ ـــ ـــــ ــ ـــ ـــــ ـــ ــــ ـــــ ـــ ـــ ـــــ ــ ـــ ـــــ ـــ ــــ ـــ ـــــــ ــ ـــــ ـــ ـــــ ـــ ــــ ـــــ ــ ـــــ ـــ ــــ ـــ ـــــــ ـــ ــــ ـــ ـــــ ـــ ـــــ ــ ـــ ـــــ ـــ ــــ ـــــ ـــ ـــ ـــــ ــ ـــ ـــــ ـــ ــــ ـــ ـــــــ ــ ـــــ ـــ ـــــ ـــ ــــ ـــــ ــ ـــــ ـــ ــــ ـــ ـــــــ ـــ ــــ ـــ ـــــ ـــ ـــــ ــ ـــ ـــــ ـــ ــــ ـــــ ـــ ـــ ـــــ ــ ـــ ـــــ ـــ ــــ ـــ ـــــــ ــ ـــــ ـــ ـــــ ـــ ــــ ـــــ ــ ـــــ ـــ ــــ ـــ ـــــــ ـــ ــــ ـــ ـــــ ـــ ـــــ ــ ـــ ـــــ ـــ ــــ ـــــ ـــ ـــ ـــــ ــ
آقای صدرزاده
ـــ ـــــ ـــ ــــ ـــ ـــــــ ــ ـــــ ـــ ـــــ ـــ ــــ ـــــ ــ ـــــ ـــ ــــ ـــ ـــــــ ـــ ــــ ـــ ـــــ ـــ ـــــ ــ ـــ ـــــ ـــ ــــ ـــــ ـــ ـــ ـــــ ــ ـــ ـــــ ـــ ــــ ـــ ـــــــ ــ ـــــ ـــ ـــــ ـــ ــــ ـــــ ــ ـــــ ـــ ــــ ـــ ـــــــ ـــ ــــ ـــ ـــــ ـــ ـــــ ــ ـــ ـــــ ـــ ــــ ـــــ ـــ ـــ ـــــ ــ ـــ ـــــ ـــ ــــ ـــ ـــــــ ــ ـــــ ـــ ـــــ ـــ ــــ ـــــ ــ ـــــ ـــ ــــ ـــ ـــــــ ـــ ــــ ـــ ـــــ ـــ ـــــ ــ ـــ ـــــ ـــ ــــ ـــــ ـــ ـــ ـــــ ــ ـــ ـــــ ـــ ــــ ـــ ـــــــ ــ ـــــ ـــ ـــــ ـــ ــــ ـــــ ــ ـــــ ـــ ــــ ـــ ـــــــ ـــ ــــ ـــ ـــــ ـــ ـــــ ــ ـــ ـــــ ـــ ــــ ـــــ ـــ ـــ ـــــ ــ ـــ ـــــ ـــ ــــ ـــ ـــــــ ــ ـــــ ـــ ـــــ ـــ ــــ ـــــ ــ ـــــ ـــ ــــ ـــ ـــــــ ـــ ــــ ـــ ـــــ ـــ ـــــ ــ ـــ ـــــ ـــ ــــ ـــــ ـــ ـــ ـــــ ــ ـــ ـــــ ـــ ــــ ـــ ـــــــ ــ ـــــ ـــ ـــــ ـــ ــــ ـــــ ــ ـــــ ـــ ــــ ـــ ـــــــ ـــ ــــ ـــ ـــــ ـــ ـــــ ــ ـــ ـــــ ـــ ــــ ـــــ ـــ ـــ ـــــ ــ
آقای نراقی
ـــ ـــــ ـــ ــــ ـــ ـــــــ ــ ـــــ ـــ ـــــ ـــ ــــ ـــــ ــ ـــــ ـــ ــــ ـــ ـــــــ ـــ ــــ ـــ ـــــ ـــ ـــــ ــ ـــ ـــــ ـــ ــــ ـــــ ـــ ـــ ـــــ ــ ـــ ـــــ ـــ ــــ ـــ ـــــــ ــ ـــــ ـــ ـــــ ـــ ــــ ـــــ ــ ـــــ ـــ ــــ ـــ ـــــــ ـــ ــــ ـــ ـــــ ـــ ـــــ ــ ـــ ـــــ ـــ ــــ ـــــ ـــ ـــ ـــــ ــ ـــ ـــــ ـــ ــــ ـــ ـــــــ ــ ـــــ ـــ ـــــ ـــ ــــ ـــــ ــ ـــــ ـــ ــــ ـــ ـــــــ ـــ ــــ ـــ ـــــ ـــ ـــــ ــ ـــ ـــــ ـــ ــــ ـــــ ـــ ـــ ـــــ ــ ـــ ـــــ ـــ ــــ ـــ ـــــــ ــ ـــــ ـــ ـــــ ـــ ــــ ـــــ ــ ـــــ ـــ ــــ ـــ ـــــــ ـــ ــــ ـــ ـــــ ـــ ـــــ ــ ـــ ـــــ ـــ ــــ ـــــ ـــ ـــ ـــــ ــ
آقای بهاءالدین
ـــ ـــــ ـــ ــــ ـــ ـــــــ ــ ـــــ ـــ ـــــ ـــ ــــ ـــــ ــ ـــــ ـــ ــــ ـــ ـــــــ ـــ ــــ ـــ ـــــ ـــ ـــــ ــ ـــ ـــــ ـــ ــــ ـــــ ـــ ـــ ـــــ ــ ـــ ـــــ ـــ ــــ ـــ ـــــــ ــ ـــــ ـــ ـــــ ـــ ــــ ـــــ ــ ـــــ ـــ ــــ ـــ ـــــــ ـــ ــــ ـــ ـــــ ـــ ـــــ ــ ـــ ـــــ ـــ ــــ ـــــ ـــ ـــ ـــــ ــ ـــ ـــــ ـــ ــــ ـــ ـــــــ ــ ـــــ ـــ ـــــ ـــ ــــ ـــــ ــ ـــــ ـــ ــــ ـــ ـــــــ ـــ ــــ ـــ ـــــ ـــ ـــــ ــ ـــ ـــــ ـــ ــــ ـــــ ـــ ـــ ـــــ ــ ـــ ـــــ ـــ ــــ ـــ ـــــــ ــ ـــــ ـــ ـــــ ـــ ــــ ـــــ ــ ـــــ ـــ ــــ ـــ ـــــــ ـــ ــــ ـــ ـــــ ـــ ـــــ ــ ـــ ـــــ ـــ ــــ ـــــ ـــ ـــ ـــــ ــ ـــ ـــــ ـــ ــــ ـــ ـــــــ ــ ـــــ ـــ ـــــ ـــ ــــ ـــــ ــ ـــــ ـــ ــــ ـــ ـــــــ ـــ ــــ ـــ ـــــ ـــ ـــــ ــ ـــ ـــــ ـــ ــــ ـــــ ـــ ـــ ـــــ ــ ـــ ـــــ ـــ ــــ ـــ ـــــــ ــ ـــــ ـــ ـــــ ـــ ــــ ـــــ ــ ـــــ ـــ ــــ ـــ ـــــــ ـــ ــــ ـــ ـــــ ـــ ـــــ ــ ـــ ـــــ ـــ ــــ ـــــ ـــ ـــ ـــــ ــ
آقای اعتبار
ـــ ـــــ ـــ ــــ ـــ ـــــــ ــ ـــــ ـــ ـــــ ـــ ــــ ـــــ ــ ـــــ ـــ ــــ ـــ ـــــــ ـــ ــــ ـــ ـــــ ـــ ـــــ ــ ـــ ـــــ ـــ ــــ ـــــ ـــ ـــ ـــــ ــ ـــ ـــــ ـــ ــــ ـــ ـــــــ ــ ـــــ ـــ ـــــ ـــ ــــ ـــــ ــ ـــــ ـــ ــــ ـــ ـــــــ ـــ ــــ ـــ ـــــ ـــ ـــــ ــ ـــ ـــــ ـــ ــــ ـــــ ـــ ـــ ـــــ ــ ـــ ـــــ ـــ ــــ ـــ ـــــــ ــ ـــــ ـــ ـــــ ـــ ــــ ـــــ ــ ـــــ ـــ ــــ ـــ ـــــــ ـــ ــــ ـــ ـــــ ـــ ـــــ ــ ـــ ـــــ ـــ ــــ ـــــ ـــ ـــ ـــــ ــ ـــ ـــــ ـــ ــــ ـــ ـــــــ ــ ـــــ ـــ ـــــ ـــ ــــ ـــــ ــ ـــــ ـــ ــــ ـــ ـــــــ ـــ ــــ ـــ ـــــ ـــ ـــــ ــ ـــ ـــــ ـــ ــــ ـــــ ـــ ـــ ـــــ ــ
آقای فرمند
ـــ ـــــ ـــ ــــ ـــ ـــــــ ــ ـــــ ـــ ـــــ ـــ ــــ ـــــ ــ ـــــ ـــ ــــ ـــ ـــــــ ـــ ــــ ـــ ـــــ ـــ ـــــ ــ ـــ ـــــ ـــ ــــ ـــــ ـــ ـــ ـــــ ــ ـــ ـــــ ـــ ــــ ـــ ـــــــ ــ ـــــ ـــ ـــــ ـــ ــــ ـــــ ــ ـــــ ـــ ــــ ـــ ـــــــ ـــ ــــ ـــ ـــــ ـــ ـــــ ــ ـــ ـــــ ـــ ــــ ـــــ ـــ ـــ ـــــ ــ ـــ ـــــ ـــ ــــ ـــ ـــــــ ــ ـــــ ـــ ـــــ ـــ ــــ ـــــ ــ ـــــ ـــ ــــ ـــ ـــــــ ـــ ــــ ـــ ـــــ ـــ ـــــ ــ ـــ ـــــ ـــ ــــ ـــــ ـــ ـــ ـــــ ــ ـــ ـــــ ـــ ــــ ـــ ـــــــ ــ ـــــ ـــ ـــــ ـــ ــــ ـــــ ــ ـــــ ـــ ــــ ـــ ـــــــ ـــ ــــ ـــ ـــــ ـــ ـــــ ــ ـــ ـــــ ـــ ــــ ـــــ ـــ ـــ ـــــ ــ ـــ ـــــ ـــ ــــ ـــ ـــــــ ــ ـــــ ـــ ـــــ ـــ ــــ ـــــ ــ ـــــ ـــ ــــ ـــ ـــــــ ـــ ــــ ـــ ـــــ ـــ ـــــ ــ ـــ ـــــ ـــ ــــ ـــــ ـــ ـــ ـــــ ــ ـــ ـــــ ـــ ــــ ـــ ـــــــ ــ ـــــ ـــ ـــــ ـــ ــــ ـــــ ــ ـــــ ـــ ــــ ـــ ـــــــ ـــ ــــ ـــ ـــــ ـــ ـــــ ــ ـــ ـــــ ـــ ــــ ـــــ ـــ ـــ ـــــ ــ ـــ ـــــ ـــ ــــ ـــ ـــــــ ــ ـــــ ـــ ـــــ ـــ ــــ ـــــ ــ ـــــ ـــ ــــ ـــ ـــــــ ـــ ــــ ـــ ـــــ ـــ ـــــ ــ ـــ ـــــ ـــ ــــ ـــــ ـــ ـــ ـــــ ــ ـــ ـــــ ـــ ــــ ـــ ـــــــ ــ ـــــ ـــ ـــــ ـــ ــــ ـــــ ــ ـــــ ـــ ــــ ـــ ـــــــ ـــ ــــ ـــ ـــــ ـــ ـــــ ــ ـــ ـــــ ـــ ــــ ـــــ ـــ ـــ ـــــ ــ
۲
